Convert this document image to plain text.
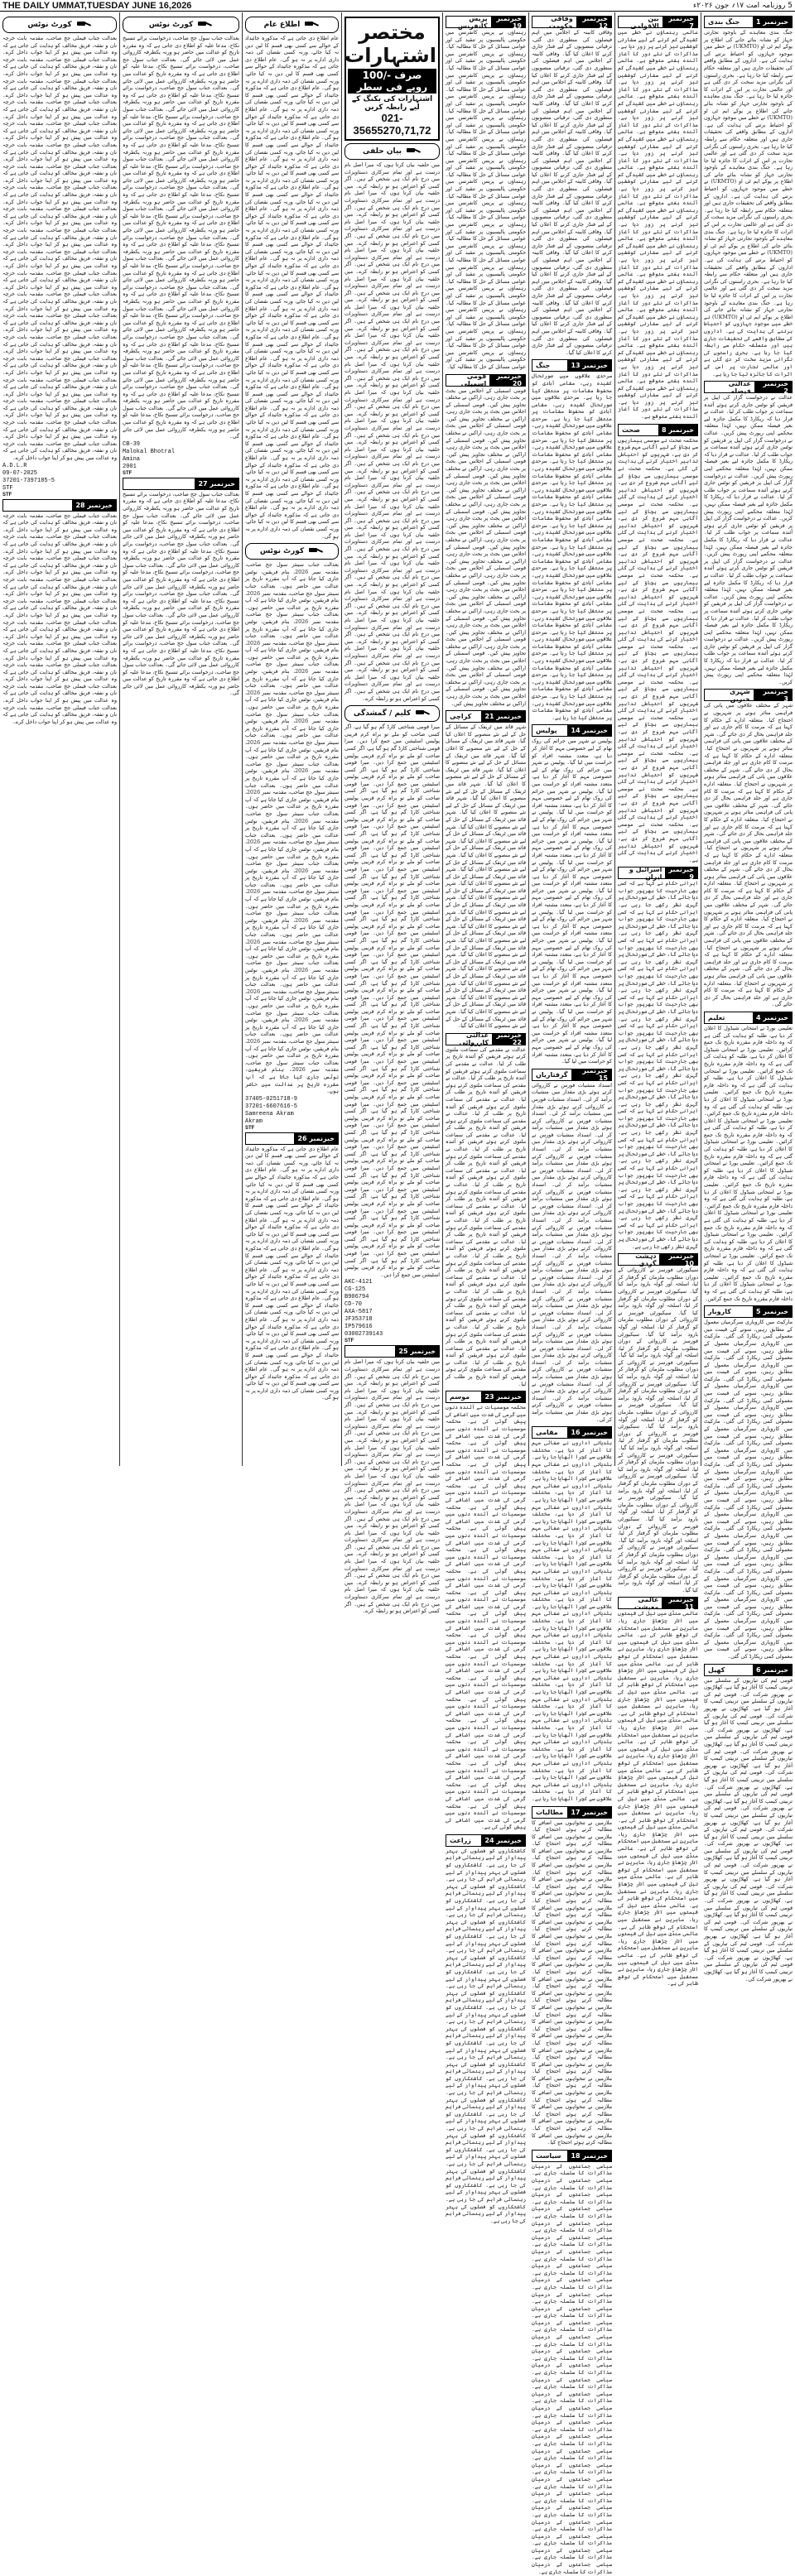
THE DAILY UMMAT,TUESDAY JUNE 16,2026	5 روزنامہ امت ۱۷؍ جون ۲۰۲۶ء
خبرنمبر 1
جنگ بندی
جنگ بندی معاہدے کے باوجود تجارتی جہاز کو نشانہ بنائے جانے کی اطلاع پر یوکے ایم ٹی او (UKMTO) نے خطے میں موجود جہازوں کو احتیاط برتنے کی ہدایت کی ہے۔ اداروں کے مطابق واقعے کی تحقیقات جاری ہیں اور متعلقہ حکام سے رابطہ کیا جا رہا ہے۔ بحری راستوں کی نگرانی مزید سخت کر دی گئی ہے اور عالمی تجارت پر اس کے اثرات کا جائزہ لیا جا رہا ہے۔ جنگ بندی معاہدے کے باوجود تجارتی جہاز کو نشانہ بنائے جانے کی اطلاع پر یوکے ایم ٹی او (UKMTO) نے خطے میں موجود جہازوں کو احتیاط برتنے کی ہدایت کی ہے۔ اداروں کے مطابق واقعے کی تحقیقات جاری ہیں اور متعلقہ حکام سے رابطہ کیا جا رہا ہے۔ بحری راستوں کی نگرانی مزید سخت کر دی گئی ہے اور عالمی تجارت پر اس کے اثرات کا جائزہ لیا جا رہا ہے۔ جنگ بندی معاہدے کے باوجود تجارتی جہاز کو نشانہ بنائے جانے کی اطلاع پر یوکے ایم ٹی او (UKMTO) نے خطے میں موجود جہازوں کو احتیاط برتنے کی ہدایت کی ہے۔ اداروں کے مطابق واقعے کی تحقیقات جاری ہیں اور متعلقہ حکام سے رابطہ کیا جا رہا ہے۔ بحری راستوں کی نگرانی مزید سخت کر دی گئی ہے اور عالمی تجارت پر اس کے اثرات کا جائزہ لیا جا رہا ہے۔ جنگ بندی معاہدے کے باوجود تجارتی جہاز کو نشانہ بنائے جانے کی اطلاع پر یوکے ایم ٹی او (UKMTO) نے خطے میں موجود جہازوں کو احتیاط برتنے کی ہدایت کی ہے۔ اداروں کے مطابق واقعے کی تحقیقات جاری ہیں اور متعلقہ حکام سے رابطہ کیا جا رہا ہے۔ بحری راستوں کی نگرانی مزید سخت کر دی گئی ہے اور عالمی تجارت پر اس کے اثرات کا جائزہ لیا جا رہا ہے۔ جنگ بندی معاہدے کے باوجود تجارتی جہاز کو نشانہ بنائے جانے کی اطلاع پر یوکے ایم ٹی او (UKMTO) نے خطے میں موجود جہازوں کو احتیاط برتنے کی ہدایت کی ہے۔ اداروں کے مطابق واقعے کی تحقیقات جاری ہیں اور متعلقہ حکام سے رابطہ کیا جا رہا ہے۔ بحری راستوں کی نگرانی مزید سخت کر دی گئی ہے اور عالمی تجارت پر اس کے اثرات کا جائزہ لیا جا رہا ہے۔
خبرنمبر 2
عدالتی فیصلہ
عدالت نے درخواست گزار کی اپیل پر فریقین کو نوٹس جاری کرتے ہوئے آئندہ سماعت پر جواب طلب کر لیا۔ عدالت نے قرار دیا کہ ریکارڈ کا مکمل جائزہ لیے بغیر فیصلہ ممکن نہیں، لہٰذا متعلقہ محکمے اپنی رپورٹ پیش کریں۔ عدالت نے درخواست گزار کی اپیل پر فریقین کو نوٹس جاری کرتے ہوئے آئندہ سماعت پر جواب طلب کر لیا۔ عدالت نے قرار دیا کہ ریکارڈ کا مکمل جائزہ لیے بغیر فیصلہ ممکن نہیں، لہٰذا متعلقہ محکمے اپنی رپورٹ پیش کریں۔ عدالت نے درخواست گزار کی اپیل پر فریقین کو نوٹس جاری کرتے ہوئے آئندہ سماعت پر جواب طلب کر لیا۔ عدالت نے قرار دیا کہ ریکارڈ کا مکمل جائزہ لیے بغیر فیصلہ ممکن نہیں، لہٰذا متعلقہ محکمے اپنی رپورٹ پیش کریں۔ عدالت نے درخواست گزار کی اپیل پر فریقین کو نوٹس جاری کرتے ہوئے آئندہ سماعت پر جواب طلب کر لیا۔ عدالت نے قرار دیا کہ ریکارڈ کا مکمل جائزہ لیے بغیر فیصلہ ممکن نہیں، لہٰذا متعلقہ محکمے اپنی رپورٹ پیش کریں۔ عدالت نے درخواست گزار کی اپیل پر فریقین کو نوٹس جاری کرتے ہوئے آئندہ سماعت پر جواب طلب کر لیا۔ عدالت نے قرار دیا کہ ریکارڈ کا مکمل جائزہ لیے بغیر فیصلہ ممکن نہیں، لہٰذا متعلقہ محکمے اپنی رپورٹ پیش کریں۔ عدالت نے درخواست گزار کی اپیل پر فریقین کو نوٹس جاری کرتے ہوئے آئندہ سماعت پر جواب طلب کر لیا۔ عدالت نے قرار دیا کہ ریکارڈ کا مکمل جائزہ لیے بغیر فیصلہ ممکن نہیں، لہٰذا متعلقہ محکمے اپنی رپورٹ پیش کریں۔ عدالت نے درخواست گزار کی اپیل پر فریقین کو نوٹس جاری کرتے ہوئے آئندہ سماعت پر جواب طلب کر لیا۔ عدالت نے قرار دیا کہ ریکارڈ کا مکمل جائزہ لیے بغیر فیصلہ ممکن نہیں، لہٰذا متعلقہ محکمے اپنی رپورٹ پیش کریں۔
خبرنمبر 3
شہری خبریں
شہر کے مختلف علاقوں میں پانی کی فراہمی متاثر ہونے پر شہریوں نے احتجاج کیا۔ متعلقہ ادارے کے حکام کا کہنا ہے کہ مرمت کا کام جاری ہے اور جلد فراہمی بحال کر دی جائے گی۔ شہر کے مختلف علاقوں میں پانی کی فراہمی متاثر ہونے پر شہریوں نے احتجاج کیا۔ متعلقہ ادارے کے حکام کا کہنا ہے کہ مرمت کا کام جاری ہے اور جلد فراہمی بحال کر دی جائے گی۔ شہر کے مختلف علاقوں میں پانی کی فراہمی متاثر ہونے پر شہریوں نے احتجاج کیا۔ متعلقہ ادارے کے حکام کا کہنا ہے کہ مرمت کا کام جاری ہے اور جلد فراہمی بحال کر دی جائے گی۔ شہر کے مختلف علاقوں میں پانی کی فراہمی متاثر ہونے پر شہریوں نے احتجاج کیا۔ متعلقہ ادارے کے حکام کا کہنا ہے کہ مرمت کا کام جاری ہے اور جلد فراہمی بحال کر دی جائے گی۔ شہر کے مختلف علاقوں میں پانی کی فراہمی متاثر ہونے پر شہریوں نے احتجاج کیا۔ متعلقہ ادارے کے حکام کا کہنا ہے کہ مرمت کا کام جاری ہے اور جلد فراہمی بحال کر دی جائے گی۔ شہر کے مختلف علاقوں میں پانی کی فراہمی متاثر ہونے پر شہریوں نے احتجاج کیا۔ متعلقہ ادارے کے حکام کا کہنا ہے کہ مرمت کا کام جاری ہے اور جلد فراہمی بحال کر دی جائے گی۔ شہر کے مختلف علاقوں میں پانی کی فراہمی متاثر ہونے پر شہریوں نے احتجاج کیا۔ متعلقہ ادارے کے حکام کا کہنا ہے کہ مرمت کا کام جاری ہے اور جلد فراہمی بحال کر دی جائے گی۔ شہر کے مختلف علاقوں میں پانی کی فراہمی متاثر ہونے پر شہریوں نے احتجاج کیا۔ متعلقہ ادارے کے حکام کا کہنا ہے کہ مرمت کا کام جاری ہے اور جلد فراہمی بحال کر دی جائے گی۔ شہر کے مختلف علاقوں میں پانی کی فراہمی متاثر ہونے پر شہریوں نے احتجاج کیا۔ متعلقہ ادارے کے حکام کا کہنا ہے کہ مرمت کا کام جاری ہے اور جلد فراہمی بحال کر دی جائے گی۔
خبرنمبر 4
تعلیم
تعلیمی بورڈ نے امتحانی شیڈول کا اعلان کر دیا ہے، طلبہ کو ہدایت کی گئی ہے کہ وہ داخلہ فارم مقررہ تاریخ تک جمع کرائیں۔ تعلیمی بورڈ نے امتحانی شیڈول کا اعلان کر دیا ہے، طلبہ کو ہدایت کی گئی ہے کہ وہ داخلہ فارم مقررہ تاریخ تک جمع کرائیں۔ تعلیمی بورڈ نے امتحانی شیڈول کا اعلان کر دیا ہے، طلبہ کو ہدایت کی گئی ہے کہ وہ داخلہ فارم مقررہ تاریخ تک جمع کرائیں۔ تعلیمی بورڈ نے امتحانی شیڈول کا اعلان کر دیا ہے، طلبہ کو ہدایت کی گئی ہے کہ وہ داخلہ فارم مقررہ تاریخ تک جمع کرائیں۔ تعلیمی بورڈ نے امتحانی شیڈول کا اعلان کر دیا ہے، طلبہ کو ہدایت کی گئی ہے کہ وہ داخلہ فارم مقررہ تاریخ تک جمع کرائیں۔ تعلیمی بورڈ نے امتحانی شیڈول کا اعلان کر دیا ہے، طلبہ کو ہدایت کی گئی ہے کہ وہ داخلہ فارم مقررہ تاریخ تک جمع کرائیں۔ تعلیمی بورڈ نے امتحانی شیڈول کا اعلان کر دیا ہے، طلبہ کو ہدایت کی گئی ہے کہ وہ داخلہ فارم مقررہ تاریخ تک جمع کرائیں۔ تعلیمی بورڈ نے امتحانی شیڈول کا اعلان کر دیا ہے، طلبہ کو ہدایت کی گئی ہے کہ وہ داخلہ فارم مقررہ تاریخ تک جمع کرائیں۔ تعلیمی بورڈ نے امتحانی شیڈول کا اعلان کر دیا ہے، طلبہ کو ہدایت کی گئی ہے کہ وہ داخلہ فارم مقررہ تاریخ تک جمع کرائیں۔ تعلیمی بورڈ نے امتحانی شیڈول کا اعلان کر دیا ہے، طلبہ کو ہدایت کی گئی ہے کہ وہ داخلہ فارم مقررہ تاریخ تک جمع کرائیں۔ تعلیمی بورڈ نے امتحانی شیڈول کا اعلان کر دیا ہے، طلبہ کو ہدایت کی گئی ہے کہ وہ داخلہ فارم مقررہ تاریخ تک جمع کرائیں۔ تعلیمی بورڈ نے امتحانی شیڈول کا اعلان کر دیا ہے، طلبہ کو ہدایت کی گئی ہے کہ وہ داخلہ فارم مقررہ تاریخ تک جمع کرائیں۔
خبرنمبر 5
کاروبار
مارکیٹ میں کاروباری سرگرمیاں معمول کے مطابق رہیں، سونے کی قیمت میں معمولی کمی ریکارڈ کی گئی۔ مارکیٹ میں کاروباری سرگرمیاں معمول کے مطابق رہیں، سونے کی قیمت میں معمولی کمی ریکارڈ کی گئی۔ مارکیٹ میں کاروباری سرگرمیاں معمول کے مطابق رہیں، سونے کی قیمت میں معمولی کمی ریکارڈ کی گئی۔ مارکیٹ میں کاروباری سرگرمیاں معمول کے مطابق رہیں، سونے کی قیمت میں معمولی کمی ریکارڈ کی گئی۔ مارکیٹ میں کاروباری سرگرمیاں معمول کے مطابق رہیں، سونے کی قیمت میں معمولی کمی ریکارڈ کی گئی۔ مارکیٹ میں کاروباری سرگرمیاں معمول کے مطابق رہیں، سونے کی قیمت میں معمولی کمی ریکارڈ کی گئی۔ مارکیٹ میں کاروباری سرگرمیاں معمول کے مطابق رہیں، سونے کی قیمت میں معمولی کمی ریکارڈ کی گئی۔ مارکیٹ میں کاروباری سرگرمیاں معمول کے مطابق رہیں، سونے کی قیمت میں معمولی کمی ریکارڈ کی گئی۔ مارکیٹ میں کاروباری سرگرمیاں معمول کے مطابق رہیں، سونے کی قیمت میں معمولی کمی ریکارڈ کی گئی۔ مارکیٹ میں کاروباری سرگرمیاں معمول کے مطابق رہیں، سونے کی قیمت میں معمولی کمی ریکارڈ کی گئی۔ مارکیٹ میں کاروباری سرگرمیاں معمول کے مطابق رہیں، سونے کی قیمت میں معمولی کمی ریکارڈ کی گئی۔ مارکیٹ میں کاروباری سرگرمیاں معمول کے مطابق رہیں، سونے کی قیمت میں معمولی کمی ریکارڈ کی گئی۔ مارکیٹ میں کاروباری سرگرمیاں معمول کے مطابق رہیں، سونے کی قیمت میں معمولی کمی ریکارڈ کی گئی۔ مارکیٹ میں کاروباری سرگرمیاں معمول کے مطابق رہیں، سونے کی قیمت میں معمولی کمی ریکارڈ کی گئی۔ مارکیٹ میں کاروباری سرگرمیاں معمول کے مطابق رہیں، سونے کی قیمت میں معمولی کمی ریکارڈ کی گئی۔ مارکیٹ میں کاروباری سرگرمیاں معمول کے مطابق رہیں، سونے کی قیمت میں معمولی کمی ریکارڈ کی گئی۔
خبرنمبر 6
کھیل
قومی ٹیم کی تیاریوں کے سلسلے میں تربیتی کیمپ کا آغاز ہو گیا ہے، کھلاڑیوں نے بھرپور شرکت کی۔ قومی ٹیم کی تیاریوں کے سلسلے میں تربیتی کیمپ کا آغاز ہو گیا ہے، کھلاڑیوں نے بھرپور شرکت کی۔ قومی ٹیم کی تیاریوں کے سلسلے میں تربیتی کیمپ کا آغاز ہو گیا ہے، کھلاڑیوں نے بھرپور شرکت کی۔ قومی ٹیم کی تیاریوں کے سلسلے میں تربیتی کیمپ کا آغاز ہو گیا ہے، کھلاڑیوں نے بھرپور شرکت کی۔ قومی ٹیم کی تیاریوں کے سلسلے میں تربیتی کیمپ کا آغاز ہو گیا ہے، کھلاڑیوں نے بھرپور شرکت کی۔ قومی ٹیم کی تیاریوں کے سلسلے میں تربیتی کیمپ کا آغاز ہو گیا ہے، کھلاڑیوں نے بھرپور شرکت کی۔ قومی ٹیم کی تیاریوں کے سلسلے میں تربیتی کیمپ کا آغاز ہو گیا ہے، کھلاڑیوں نے بھرپور شرکت کی۔ قومی ٹیم کی تیاریوں کے سلسلے میں تربیتی کیمپ کا آغاز ہو گیا ہے، کھلاڑیوں نے بھرپور شرکت کی۔ قومی ٹیم کی تیاریوں کے سلسلے میں تربیتی کیمپ کا آغاز ہو گیا ہے، کھلاڑیوں نے بھرپور شرکت کی۔ قومی ٹیم کی تیاریوں کے سلسلے میں تربیتی کیمپ کا آغاز ہو گیا ہے، کھلاڑیوں نے بھرپور شرکت کی۔ قومی ٹیم کی تیاریوں کے سلسلے میں تربیتی کیمپ کا آغاز ہو گیا ہے، کھلاڑیوں نے بھرپور شرکت کی۔ قومی ٹیم کی تیاریوں کے سلسلے میں تربیتی کیمپ کا آغاز ہو گیا ہے، کھلاڑیوں نے بھرپور شرکت کی۔ قومی ٹیم کی تیاریوں کے سلسلے میں تربیتی کیمپ کا آغاز ہو گیا ہے، کھلاڑیوں نے بھرپور شرکت کی۔ قومی ٹیم کی تیاریوں کے سلسلے میں تربیتی کیمپ کا آغاز ہو گیا ہے، کھلاڑیوں نے بھرپور شرکت کی۔ قومی ٹیم کی تیاریوں کے سلسلے میں تربیتی کیمپ کا آغاز ہو گیا ہے، کھلاڑیوں نے بھرپور شرکت کی۔ قومی ٹیم کی تیاریوں کے سلسلے میں تربیتی کیمپ کا آغاز ہو گیا ہے، کھلاڑیوں نے بھرپور شرکت کی۔
خبرنمبر 7
بین الاقوامی
عالمی رہنماؤں نے خطے میں کشیدگی کم کرنے کے لیے سفارتی کوششیں تیز کرنے پر زور دیا ہے۔ مذاکرات کے نئے دور کا آغاز آئندہ ہفتے متوقع ہے۔ عالمی رہنماؤں نے خطے میں کشیدگی کم کرنے کے لیے سفارتی کوششیں تیز کرنے پر زور دیا ہے۔ مذاکرات کے نئے دور کا آغاز آئندہ ہفتے متوقع ہے۔ عالمی رہنماؤں نے خطے میں کشیدگی کم کرنے کے لیے سفارتی کوششیں تیز کرنے پر زور دیا ہے۔ مذاکرات کے نئے دور کا آغاز آئندہ ہفتے متوقع ہے۔ عالمی رہنماؤں نے خطے میں کشیدگی کم کرنے کے لیے سفارتی کوششیں تیز کرنے پر زور دیا ہے۔ مذاکرات کے نئے دور کا آغاز آئندہ ہفتے متوقع ہے۔ عالمی رہنماؤں نے خطے میں کشیدگی کم کرنے کے لیے سفارتی کوششیں تیز کرنے پر زور دیا ہے۔ مذاکرات کے نئے دور کا آغاز آئندہ ہفتے متوقع ہے۔ عالمی رہنماؤں نے خطے میں کشیدگی کم کرنے کے لیے سفارتی کوششیں تیز کرنے پر زور دیا ہے۔ مذاکرات کے نئے دور کا آغاز آئندہ ہفتے متوقع ہے۔ عالمی رہنماؤں نے خطے میں کشیدگی کم کرنے کے لیے سفارتی کوششیں تیز کرنے پر زور دیا ہے۔ مذاکرات کے نئے دور کا آغاز آئندہ ہفتے متوقع ہے۔ عالمی رہنماؤں نے خطے میں کشیدگی کم کرنے کے لیے سفارتی کوششیں تیز کرنے پر زور دیا ہے۔ مذاکرات کے نئے دور کا آغاز آئندہ ہفتے متوقع ہے۔ عالمی رہنماؤں نے خطے میں کشیدگی کم کرنے کے لیے سفارتی کوششیں تیز کرنے پر زور دیا ہے۔ مذاکرات کے نئے دور کا آغاز آئندہ ہفتے متوقع ہے۔ عالمی رہنماؤں نے خطے میں کشیدگی کم کرنے کے لیے سفارتی کوششیں تیز کرنے پر زور دیا ہے۔ مذاکرات کے نئے دور کا آغاز آئندہ ہفتے متوقع ہے۔ عالمی رہنماؤں نے خطے میں کشیدگی کم کرنے کے لیے سفارتی کوششیں تیز کرنے پر زور دیا ہے۔ مذاکرات کے نئے دور کا آغاز آئندہ ہفتے متوقع ہے۔
خبرنمبر 8
صحت
محکمہ صحت نے موسمی بیماریوں سے بچاؤ کے لیے آگاہی مہم شروع کر دی ہے، شہریوں کو احتیاطی تدابیر اختیار کرنے کی ہدایت کی گئی ہے۔ محکمہ صحت نے موسمی بیماریوں سے بچاؤ کے لیے آگاہی مہم شروع کر دی ہے، شہریوں کو احتیاطی تدابیر اختیار کرنے کی ہدایت کی گئی ہے۔ محکمہ صحت نے موسمی بیماریوں سے بچاؤ کے لیے آگاہی مہم شروع کر دی ہے، شہریوں کو احتیاطی تدابیر اختیار کرنے کی ہدایت کی گئی ہے۔ محکمہ صحت نے موسمی بیماریوں سے بچاؤ کے لیے آگاہی مہم شروع کر دی ہے، شہریوں کو احتیاطی تدابیر اختیار کرنے کی ہدایت کی گئی ہے۔ محکمہ صحت نے موسمی بیماریوں سے بچاؤ کے لیے آگاہی مہم شروع کر دی ہے، شہریوں کو احتیاطی تدابیر اختیار کرنے کی ہدایت کی گئی ہے۔ محکمہ صحت نے موسمی بیماریوں سے بچاؤ کے لیے آگاہی مہم شروع کر دی ہے، شہریوں کو احتیاطی تدابیر اختیار کرنے کی ہدایت کی گئی ہے۔ محکمہ صحت نے موسمی بیماریوں سے بچاؤ کے لیے آگاہی مہم شروع کر دی ہے، شہریوں کو احتیاطی تدابیر اختیار کرنے کی ہدایت کی گئی ہے۔ محکمہ صحت نے موسمی بیماریوں سے بچاؤ کے لیے آگاہی مہم شروع کر دی ہے، شہریوں کو احتیاطی تدابیر اختیار کرنے کی ہدایت کی گئی ہے۔ محکمہ صحت نے موسمی بیماریوں سے بچاؤ کے لیے آگاہی مہم شروع کر دی ہے، شہریوں کو احتیاطی تدابیر اختیار کرنے کی ہدایت کی گئی ہے۔ محکمہ صحت نے موسمی بیماریوں سے بچاؤ کے لیے آگاہی مہم شروع کر دی ہے، شہریوں کو احتیاطی تدابیر اختیار کرنے کی ہدایت کی گئی ہے۔ محکمہ صحت نے موسمی بیماریوں سے بچاؤ کے لیے آگاہی مہم شروع کر دی ہے، شہریوں کو احتیاطی تدابیر اختیار کرنے کی ہدایت کی گئی ہے۔ محکمہ صحت نے موسمی بیماریوں سے بچاؤ کے لیے آگاہی مہم شروع کر دی ہے، شہریوں کو احتیاطی تدابیر اختیار کرنے کی ہدایت کی گئی ہے۔
خبرنمبر 9
اسرائیل و ایران
ایرانی حکام نے کہا ہے کہ کسی بھی جارحیت کا بھرپور جواب دیا جائے گا، خطے کی صورتحال پر گہری نظر رکھی جا رہی ہے۔ ایرانی حکام نے کہا ہے کہ کسی بھی جارحیت کا بھرپور جواب دیا جائے گا، خطے کی صورتحال پر گہری نظر رکھی جا رہی ہے۔ ایرانی حکام نے کہا ہے کہ کسی بھی جارحیت کا بھرپور جواب دیا جائے گا، خطے کی صورتحال پر گہری نظر رکھی جا رہی ہے۔ ایرانی حکام نے کہا ہے کہ کسی بھی جارحیت کا بھرپور جواب دیا جائے گا، خطے کی صورتحال پر گہری نظر رکھی جا رہی ہے۔ ایرانی حکام نے کہا ہے کہ کسی بھی جارحیت کا بھرپور جواب دیا جائے گا، خطے کی صورتحال پر گہری نظر رکھی جا رہی ہے۔ ایرانی حکام نے کہا ہے کہ کسی بھی جارحیت کا بھرپور جواب دیا جائے گا، خطے کی صورتحال پر گہری نظر رکھی جا رہی ہے۔ ایرانی حکام نے کہا ہے کہ کسی بھی جارحیت کا بھرپور جواب دیا جائے گا، خطے کی صورتحال پر گہری نظر رکھی جا رہی ہے۔ ایرانی حکام نے کہا ہے کہ کسی بھی جارحیت کا بھرپور جواب دیا جائے گا، خطے کی صورتحال پر گہری نظر رکھی جا رہی ہے۔ ایرانی حکام نے کہا ہے کہ کسی بھی جارحیت کا بھرپور جواب دیا جائے گا، خطے کی صورتحال پر گہری نظر رکھی جا رہی ہے۔ ایرانی حکام نے کہا ہے کہ کسی بھی جارحیت کا بھرپور جواب دیا جائے گا، خطے کی صورتحال پر گہری نظر رکھی جا رہی ہے۔ ایرانی حکام نے کہا ہے کہ کسی بھی جارحیت کا بھرپور جواب دیا جائے گا، خطے کی صورتحال پر گہری نظر رکھی جا رہی ہے۔ ایرانی حکام نے کہا ہے کہ کسی بھی جارحیت کا بھرپور جواب دیا جائے گا، خطے کی صورتحال پر گہری نظر رکھی جا رہی ہے۔ ایرانی حکام نے کہا ہے کہ کسی بھی جارحیت کا بھرپور جواب دیا جائے گا، خطے کی صورتحال پر گہری نظر رکھی جا رہی ہے۔
خبرنمبر 10
دہشت گردی
سیکیورٹی فورسز نے کارروائی کے دوران مطلوب ملزمان کو گرفتار کر لیا، اسلحہ اور گولہ بارود برآمد کیا گیا۔ سیکیورٹی فورسز نے کارروائی کے دوران مطلوب ملزمان کو گرفتار کر لیا، اسلحہ اور گولہ بارود برآمد کیا گیا۔ سیکیورٹی فورسز نے کارروائی کے دوران مطلوب ملزمان کو گرفتار کر لیا، اسلحہ اور گولہ بارود برآمد کیا گیا۔ سیکیورٹی فورسز نے کارروائی کے دوران مطلوب ملزمان کو گرفتار کر لیا، اسلحہ اور گولہ بارود برآمد کیا گیا۔ سیکیورٹی فورسز نے کارروائی کے دوران مطلوب ملزمان کو گرفتار کر لیا، اسلحہ اور گولہ بارود برآمد کیا گیا۔ سیکیورٹی فورسز نے کارروائی کے دوران مطلوب ملزمان کو گرفتار کر لیا، اسلحہ اور گولہ بارود برآمد کیا گیا۔ سیکیورٹی فورسز نے کارروائی کے دوران مطلوب ملزمان کو گرفتار کر لیا، اسلحہ اور گولہ بارود برآمد کیا گیا۔ سیکیورٹی فورسز نے کارروائی کے دوران مطلوب ملزمان کو گرفتار کر لیا، اسلحہ اور گولہ بارود برآمد کیا گیا۔ سیکیورٹی فورسز نے کارروائی کے دوران مطلوب ملزمان کو گرفتار کر لیا، اسلحہ اور گولہ بارود برآمد کیا گیا۔ سیکیورٹی فورسز نے کارروائی کے دوران مطلوب ملزمان کو گرفتار کر لیا، اسلحہ اور گولہ بارود برآمد کیا گیا۔ سیکیورٹی فورسز نے کارروائی کے دوران مطلوب ملزمان کو گرفتار کر لیا، اسلحہ اور گولہ بارود برآمد کیا گیا۔ سیکیورٹی فورسز نے کارروائی کے دوران مطلوب ملزمان کو گرفتار کر لیا، اسلحہ اور گولہ بارود برآمد کیا گیا۔ سیکیورٹی فورسز نے کارروائی کے دوران مطلوب ملزمان کو گرفتار کر لیا، اسلحہ اور گولہ بارود برآمد کیا گیا۔ سیکیورٹی فورسز نے کارروائی کے دوران مطلوب ملزمان کو گرفتار کر لیا، اسلحہ اور گولہ بارود برآمد کیا گیا۔
خبرنمبر 11
عالمی معیشت
عالمی منڈی میں تیل کی قیمتوں میں اتار چڑھاؤ جاری رہا، ماہرین نے مستقبل میں استحکام کی توقع ظاہر کی ہے۔ عالمی منڈی میں تیل کی قیمتوں میں اتار چڑھاؤ جاری رہا، ماہرین نے مستقبل میں استحکام کی توقع ظاہر کی ہے۔ عالمی منڈی میں تیل کی قیمتوں میں اتار چڑھاؤ جاری رہا، ماہرین نے مستقبل میں استحکام کی توقع ظاہر کی ہے۔ عالمی منڈی میں تیل کی قیمتوں میں اتار چڑھاؤ جاری رہا، ماہرین نے مستقبل میں استحکام کی توقع ظاہر کی ہے۔ عالمی منڈی میں تیل کی قیمتوں میں اتار چڑھاؤ جاری رہا، ماہرین نے مستقبل میں استحکام کی توقع ظاہر کی ہے۔ عالمی منڈی میں تیل کی قیمتوں میں اتار چڑھاؤ جاری رہا، ماہرین نے مستقبل میں استحکام کی توقع ظاہر کی ہے۔ عالمی منڈی میں تیل کی قیمتوں میں اتار چڑھاؤ جاری رہا، ماہرین نے مستقبل میں استحکام کی توقع ظاہر کی ہے۔ عالمی منڈی میں تیل کی قیمتوں میں اتار چڑھاؤ جاری رہا، ماہرین نے مستقبل میں استحکام کی توقع ظاہر کی ہے۔ عالمی منڈی میں تیل کی قیمتوں میں اتار چڑھاؤ جاری رہا، ماہرین نے مستقبل میں استحکام کی توقع ظاہر کی ہے۔ عالمی منڈی میں تیل کی قیمتوں میں اتار چڑھاؤ جاری رہا، ماہرین نے مستقبل میں استحکام کی توقع ظاہر کی ہے۔ عالمی منڈی میں تیل کی قیمتوں میں اتار چڑھاؤ جاری رہا، ماہرین نے مستقبل میں استحکام کی توقع ظاہر کی ہے۔ عالمی منڈی میں تیل کی قیمتوں میں اتار چڑھاؤ جاری رہا، ماہرین نے مستقبل میں استحکام کی توقع ظاہر کی ہے۔ عالمی منڈی میں تیل کی قیمتوں میں اتار چڑھاؤ جاری رہا، ماہرین نے مستقبل میں استحکام کی توقع ظاہر کی ہے۔ عالمی منڈی میں تیل کی قیمتوں میں اتار چڑھاؤ جاری رہا، ماہرین نے مستقبل میں استحکام کی توقع ظاہر کی ہے۔
خبرنمبر 12
وفاقی حکومت
وفاقی کابینہ کے اجلاس میں اہم فیصلوں کی منظوری دی گئی، ترقیاتی منصوبوں کے لیے فنڈز جاری کرنے کا اعلان کیا گیا۔ وفاقی کابینہ کے اجلاس میں اہم فیصلوں کی منظوری دی گئی، ترقیاتی منصوبوں کے لیے فنڈز جاری کرنے کا اعلان کیا گیا۔ وفاقی کابینہ کے اجلاس میں اہم فیصلوں کی منظوری دی گئی، ترقیاتی منصوبوں کے لیے فنڈز جاری کرنے کا اعلان کیا گیا۔ وفاقی کابینہ کے اجلاس میں اہم فیصلوں کی منظوری دی گئی، ترقیاتی منصوبوں کے لیے فنڈز جاری کرنے کا اعلان کیا گیا۔ وفاقی کابینہ کے اجلاس میں اہم فیصلوں کی منظوری دی گئی، ترقیاتی منصوبوں کے لیے فنڈز جاری کرنے کا اعلان کیا گیا۔ وفاقی کابینہ کے اجلاس میں اہم فیصلوں کی منظوری دی گئی، ترقیاتی منصوبوں کے لیے فنڈز جاری کرنے کا اعلان کیا گیا۔ وفاقی کابینہ کے اجلاس میں اہم فیصلوں کی منظوری دی گئی، ترقیاتی منصوبوں کے لیے فنڈز جاری کرنے کا اعلان کیا گیا۔ وفاقی کابینہ کے اجلاس میں اہم فیصلوں کی منظوری دی گئی، ترقیاتی منصوبوں کے لیے فنڈز جاری کرنے کا اعلان کیا گیا۔ وفاقی کابینہ کے اجلاس میں اہم فیصلوں کی منظوری دی گئی، ترقیاتی منصوبوں کے لیے فنڈز جاری کرنے کا اعلان کیا گیا۔ وفاقی کابینہ کے اجلاس میں اہم فیصلوں کی منظوری دی گئی، ترقیاتی منصوبوں کے لیے فنڈز جاری کرنے کا اعلان کیا گیا۔ وفاقی کابینہ کے اجلاس میں اہم فیصلوں کی منظوری دی گئی، ترقیاتی منصوبوں کے لیے فنڈز جاری کرنے کا اعلان کیا گیا۔ وفاقی کابینہ کے اجلاس میں اہم فیصلوں کی منظوری دی گئی، ترقیاتی منصوبوں کے لیے فنڈز جاری کرنے کا اعلان کیا گیا۔ وفاقی کابینہ کے اجلاس میں اہم فیصلوں کی منظوری دی گئی، ترقیاتی منصوبوں کے لیے فنڈز جاری کرنے کا اعلان کیا گیا۔
خبرنمبر 13
جنگ
سرحدی علاقوں میں صورتحال کشیدہ رہی، مقامی آبادی کو محفوظ مقامات پر منتقل کیا جا رہا ہے۔ سرحدی علاقوں میں صورتحال کشیدہ رہی، مقامی آبادی کو محفوظ مقامات پر منتقل کیا جا رہا ہے۔ سرحدی علاقوں میں صورتحال کشیدہ رہی، مقامی آبادی کو محفوظ مقامات پر منتقل کیا جا رہا ہے۔ سرحدی علاقوں میں صورتحال کشیدہ رہی، مقامی آبادی کو محفوظ مقامات پر منتقل کیا جا رہا ہے۔ سرحدی علاقوں میں صورتحال کشیدہ رہی، مقامی آبادی کو محفوظ مقامات پر منتقل کیا جا رہا ہے۔ سرحدی علاقوں میں صورتحال کشیدہ رہی، مقامی آبادی کو محفوظ مقامات پر منتقل کیا جا رہا ہے۔ سرحدی علاقوں میں صورتحال کشیدہ رہی، مقامی آبادی کو محفوظ مقامات پر منتقل کیا جا رہا ہے۔ سرحدی علاقوں میں صورتحال کشیدہ رہی، مقامی آبادی کو محفوظ مقامات پر منتقل کیا جا رہا ہے۔ سرحدی علاقوں میں صورتحال کشیدہ رہی، مقامی آبادی کو محفوظ مقامات پر منتقل کیا جا رہا ہے۔ سرحدی علاقوں میں صورتحال کشیدہ رہی، مقامی آبادی کو محفوظ مقامات پر منتقل کیا جا رہا ہے۔ سرحدی علاقوں میں صورتحال کشیدہ رہی، مقامی آبادی کو محفوظ مقامات پر منتقل کیا جا رہا ہے۔ سرحدی علاقوں میں صورتحال کشیدہ رہی، مقامی آبادی کو محفوظ مقامات پر منتقل کیا جا رہا ہے۔ سرحدی علاقوں میں صورتحال کشیدہ رہی، مقامی آبادی کو محفوظ مقامات پر منتقل کیا جا رہا ہے۔ سرحدی علاقوں میں صورتحال کشیدہ رہی، مقامی آبادی کو محفوظ مقامات پر منتقل کیا جا رہا ہے۔ سرحدی علاقوں میں صورتحال کشیدہ رہی، مقامی آبادی کو محفوظ مقامات پر منتقل کیا جا رہا ہے۔ سرحدی علاقوں میں صورتحال کشیدہ رہی، مقامی آبادی کو محفوظ مقامات پر منتقل کیا جا رہا ہے۔
خبرنمبر 14
پولیس
پولیس نے شہر میں جرائم کی روک تھام کے لیے خصوصی مہم کا آغاز کر دیا ہے، متعدد مشتبہ افراد کو حراست میں لیا گیا۔ پولیس نے شہر میں جرائم کی روک تھام کے لیے خصوصی مہم کا آغاز کر دیا ہے، متعدد مشتبہ افراد کو حراست میں لیا گیا۔ پولیس نے شہر میں جرائم کی روک تھام کے لیے خصوصی مہم کا آغاز کر دیا ہے، متعدد مشتبہ افراد کو حراست میں لیا گیا۔ پولیس نے شہر میں جرائم کی روک تھام کے لیے خصوصی مہم کا آغاز کر دیا ہے، متعدد مشتبہ افراد کو حراست میں لیا گیا۔ پولیس نے شہر میں جرائم کی روک تھام کے لیے خصوصی مہم کا آغاز کر دیا ہے، متعدد مشتبہ افراد کو حراست میں لیا گیا۔ پولیس نے شہر میں جرائم کی روک تھام کے لیے خصوصی مہم کا آغاز کر دیا ہے، متعدد مشتبہ افراد کو حراست میں لیا گیا۔ پولیس نے شہر میں جرائم کی روک تھام کے لیے خصوصی مہم کا آغاز کر دیا ہے، متعدد مشتبہ افراد کو حراست میں لیا گیا۔ پولیس نے شہر میں جرائم کی روک تھام کے لیے خصوصی مہم کا آغاز کر دیا ہے، متعدد مشتبہ افراد کو حراست میں لیا گیا۔ پولیس نے شہر میں جرائم کی روک تھام کے لیے خصوصی مہم کا آغاز کر دیا ہے، متعدد مشتبہ افراد کو حراست میں لیا گیا۔ پولیس نے شہر میں جرائم کی روک تھام کے لیے خصوصی مہم کا آغاز کر دیا ہے، متعدد مشتبہ افراد کو حراست میں لیا گیا۔ پولیس نے شہر میں جرائم کی روک تھام کے لیے خصوصی مہم کا آغاز کر دیا ہے، متعدد مشتبہ افراد کو حراست میں لیا گیا۔ پولیس نے شہر میں جرائم کی روک تھام کے لیے خصوصی مہم کا آغاز کر دیا ہے، متعدد مشتبہ افراد کو حراست میں لیا گیا۔ پولیس نے شہر میں جرائم کی روک تھام کے لیے خصوصی مہم کا آغاز کر دیا ہے، متعدد مشتبہ افراد کو حراست میں لیا گیا۔
خبرنمبر 15
گرفتاریاں
انسداد منشیات فورس نے کارروائی کرتے ہوئے بڑی مقدار میں منشیات برآمد کر لی۔ انسداد منشیات فورس نے کارروائی کرتے ہوئے بڑی مقدار میں منشیات برآمد کر لی۔ انسداد منشیات فورس نے کارروائی کرتے ہوئے بڑی مقدار میں منشیات برآمد کر لی۔ انسداد منشیات فورس نے کارروائی کرتے ہوئے بڑی مقدار میں منشیات برآمد کر لی۔ انسداد منشیات فورس نے کارروائی کرتے ہوئے بڑی مقدار میں منشیات برآمد کر لی۔ انسداد منشیات فورس نے کارروائی کرتے ہوئے بڑی مقدار میں منشیات برآمد کر لی۔ انسداد منشیات فورس نے کارروائی کرتے ہوئے بڑی مقدار میں منشیات برآمد کر لی۔ انسداد منشیات فورس نے کارروائی کرتے ہوئے بڑی مقدار میں منشیات برآمد کر لی۔ انسداد منشیات فورس نے کارروائی کرتے ہوئے بڑی مقدار میں منشیات برآمد کر لی۔ انسداد منشیات فورس نے کارروائی کرتے ہوئے بڑی مقدار میں منشیات برآمد کر لی۔ انسداد منشیات فورس نے کارروائی کرتے ہوئے بڑی مقدار میں منشیات برآمد کر لی۔ انسداد منشیات فورس نے کارروائی کرتے ہوئے بڑی مقدار میں منشیات برآمد کر لی۔ انسداد منشیات فورس نے کارروائی کرتے ہوئے بڑی مقدار میں منشیات برآمد کر لی۔ انسداد منشیات فورس نے کارروائی کرتے ہوئے بڑی مقدار میں منشیات برآمد کر لی۔ انسداد منشیات فورس نے کارروائی کرتے ہوئے بڑی مقدار میں منشیات برآمد کر لی۔ انسداد منشیات فورس نے کارروائی کرتے ہوئے بڑی مقدار میں منشیات برآمد کر لی۔ انسداد منشیات فورس نے کارروائی کرتے ہوئے بڑی مقدار میں منشیات برآمد کر لی۔ انسداد منشیات فورس نے کارروائی کرتے ہوئے بڑی مقدار میں منشیات برآمد کر لی۔ انسداد منشیات فورس نے کارروائی کرتے ہوئے بڑی مقدار میں منشیات برآمد کر لی۔
خبرنمبر 16
مقامی
بلدیاتی اداروں نے صفائی مہم کا آغاز کر دیا ہے، مختلف علاقوں سے کچرا اٹھایا جا رہا ہے۔ بلدیاتی اداروں نے صفائی مہم کا آغاز کر دیا ہے، مختلف علاقوں سے کچرا اٹھایا جا رہا ہے۔ بلدیاتی اداروں نے صفائی مہم کا آغاز کر دیا ہے، مختلف علاقوں سے کچرا اٹھایا جا رہا ہے۔ بلدیاتی اداروں نے صفائی مہم کا آغاز کر دیا ہے، مختلف علاقوں سے کچرا اٹھایا جا رہا ہے۔ بلدیاتی اداروں نے صفائی مہم کا آغاز کر دیا ہے، مختلف علاقوں سے کچرا اٹھایا جا رہا ہے۔ بلدیاتی اداروں نے صفائی مہم کا آغاز کر دیا ہے، مختلف علاقوں سے کچرا اٹھایا جا رہا ہے۔ بلدیاتی اداروں نے صفائی مہم کا آغاز کر دیا ہے، مختلف علاقوں سے کچرا اٹھایا جا رہا ہے۔ بلدیاتی اداروں نے صفائی مہم کا آغاز کر دیا ہے، مختلف علاقوں سے کچرا اٹھایا جا رہا ہے۔ بلدیاتی اداروں نے صفائی مہم کا آغاز کر دیا ہے، مختلف علاقوں سے کچرا اٹھایا جا رہا ہے۔ بلدیاتی اداروں نے صفائی مہم کا آغاز کر دیا ہے، مختلف علاقوں سے کچرا اٹھایا جا رہا ہے۔ بلدیاتی اداروں نے صفائی مہم کا آغاز کر دیا ہے، مختلف علاقوں سے کچرا اٹھایا جا رہا ہے۔ بلدیاتی اداروں نے صفائی مہم کا آغاز کر دیا ہے، مختلف علاقوں سے کچرا اٹھایا جا رہا ہے۔ بلدیاتی اداروں نے صفائی مہم کا آغاز کر دیا ہے، مختلف علاقوں سے کچرا اٹھایا جا رہا ہے۔ بلدیاتی اداروں نے صفائی مہم کا آغاز کر دیا ہے، مختلف علاقوں سے کچرا اٹھایا جا رہا ہے۔ بلدیاتی اداروں نے صفائی مہم کا آغاز کر دیا ہے، مختلف علاقوں سے کچرا اٹھایا جا رہا ہے۔ بلدیاتی اداروں نے صفائی مہم کا آغاز کر دیا ہے، مختلف علاقوں سے کچرا اٹھایا جا رہا ہے۔ بلدیاتی اداروں نے صفائی مہم کا آغاز کر دیا ہے، مختلف علاقوں سے کچرا اٹھایا جا رہا ہے۔
خبرنمبر 17
مطالبات
ملازمین نے تنخواہوں میں اضافے کا مطالبہ کرتے ہوئے احتجاج کیا۔ ملازمین نے تنخواہوں میں اضافے کا مطالبہ کرتے ہوئے احتجاج کیا۔ ملازمین نے تنخواہوں میں اضافے کا مطالبہ کرتے ہوئے احتجاج کیا۔ ملازمین نے تنخواہوں میں اضافے کا مطالبہ کرتے ہوئے احتجاج کیا۔ ملازمین نے تنخواہوں میں اضافے کا مطالبہ کرتے ہوئے احتجاج کیا۔ ملازمین نے تنخواہوں میں اضافے کا مطالبہ کرتے ہوئے احتجاج کیا۔ ملازمین نے تنخواہوں میں اضافے کا مطالبہ کرتے ہوئے احتجاج کیا۔ ملازمین نے تنخواہوں میں اضافے کا مطالبہ کرتے ہوئے احتجاج کیا۔ ملازمین نے تنخواہوں میں اضافے کا مطالبہ کرتے ہوئے احتجاج کیا۔ ملازمین نے تنخواہوں میں اضافے کا مطالبہ کرتے ہوئے احتجاج کیا۔ ملازمین نے تنخواہوں میں اضافے کا مطالبہ کرتے ہوئے احتجاج کیا۔ ملازمین نے تنخواہوں میں اضافے کا مطالبہ کرتے ہوئے احتجاج کیا۔ ملازمین نے تنخواہوں میں اضافے کا مطالبہ کرتے ہوئے احتجاج کیا۔ ملازمین نے تنخواہوں میں اضافے کا مطالبہ کرتے ہوئے احتجاج کیا۔ ملازمین نے تنخواہوں میں اضافے کا مطالبہ کرتے ہوئے احتجاج کیا۔ ملازمین نے تنخواہوں میں اضافے کا مطالبہ کرتے ہوئے احتجاج کیا۔ ملازمین نے تنخواہوں میں اضافے کا مطالبہ کرتے ہوئے احتجاج کیا۔ ملازمین نے تنخواہوں میں اضافے کا مطالبہ کرتے ہوئے احتجاج کیا۔ ملازمین نے تنخواہوں میں اضافے کا مطالبہ کرتے ہوئے احتجاج کیا۔ ملازمین نے تنخواہوں میں اضافے کا مطالبہ کرتے ہوئے احتجاج کیا۔ ملازمین نے تنخواہوں میں اضافے کا مطالبہ کرتے ہوئے احتجاج کیا۔ ملازمین نے تنخواہوں میں اضافے کا مطالبہ کرتے ہوئے احتجاج کیا۔ ملازمین نے تنخواہوں میں اضافے کا مطالبہ کرتے ہوئے احتجاج کیا۔
خبرنمبر 18
سیاست
سیاسی جماعتوں کے درمیان مذاکرات کا سلسلہ جاری ہے۔ سیاسی جماعتوں کے درمیان مذاکرات کا سلسلہ جاری ہے۔ سیاسی جماعتوں کے درمیان مذاکرات کا سلسلہ جاری ہے۔ سیاسی جماعتوں کے درمیان مذاکرات کا سلسلہ جاری ہے۔ سیاسی جماعتوں کے درمیان مذاکرات کا سلسلہ جاری ہے۔ سیاسی جماعتوں کے درمیان مذاکرات کا سلسلہ جاری ہے۔ سیاسی جماعتوں کے درمیان مذاکرات کا سلسلہ جاری ہے۔ سیاسی جماعتوں کے درمیان مذاکرات کا سلسلہ جاری ہے۔ سیاسی جماعتوں کے درمیان مذاکرات کا سلسلہ جاری ہے۔ سیاسی جماعتوں کے درمیان مذاکرات کا سلسلہ جاری ہے۔ سیاسی جماعتوں کے درمیان مذاکرات کا سلسلہ جاری ہے۔ سیاسی جماعتوں کے درمیان مذاکرات کا سلسلہ جاری ہے۔ سیاسی جماعتوں کے درمیان مذاکرات کا سلسلہ جاری ہے۔ سیاسی جماعتوں کے درمیان مذاکرات کا سلسلہ جاری ہے۔ سیاسی جماعتوں کے درمیان مذاکرات کا سلسلہ جاری ہے۔ سیاسی جماعتوں کے درمیان مذاکرات کا سلسلہ جاری ہے۔ سیاسی جماعتوں کے درمیان مذاکرات کا سلسلہ جاری ہے۔ سیاسی جماعتوں کے درمیان مذاکرات کا سلسلہ جاری ہے۔ سیاسی جماعتوں کے درمیان مذاکرات کا سلسلہ جاری ہے۔ سیاسی جماعتوں کے درمیان مذاکرات کا سلسلہ جاری ہے۔ سیاسی جماعتوں کے درمیان مذاکرات کا سلسلہ جاری ہے۔ سیاسی جماعتوں کے درمیان مذاکرات کا سلسلہ جاری ہے۔ سیاسی جماعتوں کے درمیان مذاکرات کا سلسلہ جاری ہے۔ سیاسی جماعتوں کے درمیان مذاکرات کا سلسلہ جاری ہے۔ سیاسی جماعتوں کے درمیان مذاکرات کا سلسلہ جاری ہے۔ سیاسی جماعتوں کے درمیان مذاکرات کا سلسلہ جاری ہے۔ سیاسی جماعتوں کے درمیان مذاکرات کا سلسلہ جاری ہے۔ سیاسی جماعتوں کے درمیان مذاکرات کا سلسلہ جاری ہے۔ سیاسی جماعتوں کے درمیان مذاکرات کا سلسلہ جاری ہے۔
خبرنمبر 19
پریس کانفرنس
رہنماؤں نے پریس کانفرنس میں حکومتی پالیسیوں پر تنقید کی اور عوامی مسائل کے حل کا مطالبہ کیا۔ رہنماؤں نے پریس کانفرنس میں حکومتی پالیسیوں پر تنقید کی اور عوامی مسائل کے حل کا مطالبہ کیا۔ رہنماؤں نے پریس کانفرنس میں حکومتی پالیسیوں پر تنقید کی اور عوامی مسائل کے حل کا مطالبہ کیا۔ رہنماؤں نے پریس کانفرنس میں حکومتی پالیسیوں پر تنقید کی اور عوامی مسائل کے حل کا مطالبہ کیا۔ رہنماؤں نے پریس کانفرنس میں حکومتی پالیسیوں پر تنقید کی اور عوامی مسائل کے حل کا مطالبہ کیا۔ رہنماؤں نے پریس کانفرنس میں حکومتی پالیسیوں پر تنقید کی اور عوامی مسائل کے حل کا مطالبہ کیا۔ رہنماؤں نے پریس کانفرنس میں حکومتی پالیسیوں پر تنقید کی اور عوامی مسائل کے حل کا مطالبہ کیا۔ رہنماؤں نے پریس کانفرنس میں حکومتی پالیسیوں پر تنقید کی اور عوامی مسائل کے حل کا مطالبہ کیا۔ رہنماؤں نے پریس کانفرنس میں حکومتی پالیسیوں پر تنقید کی اور عوامی مسائل کے حل کا مطالبہ کیا۔ رہنماؤں نے پریس کانفرنس میں حکومتی پالیسیوں پر تنقید کی اور عوامی مسائل کے حل کا مطالبہ کیا۔ رہنماؤں نے پریس کانفرنس میں حکومتی پالیسیوں پر تنقید کی اور عوامی مسائل کے حل کا مطالبہ کیا۔ رہنماؤں نے پریس کانفرنس میں حکومتی پالیسیوں پر تنقید کی اور عوامی مسائل کے حل کا مطالبہ کیا۔ رہنماؤں نے پریس کانفرنس میں حکومتی پالیسیوں پر تنقید کی اور عوامی مسائل کے حل کا مطالبہ کیا۔ رہنماؤں نے پریس کانفرنس میں حکومتی پالیسیوں پر تنقید کی اور عوامی مسائل کے حل کا مطالبہ کیا۔ رہنماؤں نے پریس کانفرنس میں حکومتی پالیسیوں پر تنقید کی اور عوامی مسائل کے حل کا مطالبہ کیا۔ رہنماؤں نے پریس کانفرنس میں حکومتی پالیسیوں پر تنقید کی اور عوامی مسائل کے حل کا مطالبہ کیا۔
خبرنمبر 20
قومی اسمبلی
قومی اسمبلی کے اجلاس میں بجٹ پر بحث جاری رہی، اراکین نے مختلف تجاویز پیش کیں۔ قومی اسمبلی کے اجلاس میں بجٹ پر بحث جاری رہی، اراکین نے مختلف تجاویز پیش کیں۔ قومی اسمبلی کے اجلاس میں بجٹ پر بحث جاری رہی، اراکین نے مختلف تجاویز پیش کیں۔ قومی اسمبلی کے اجلاس میں بجٹ پر بحث جاری رہی، اراکین نے مختلف تجاویز پیش کیں۔ قومی اسمبلی کے اجلاس میں بجٹ پر بحث جاری رہی، اراکین نے مختلف تجاویز پیش کیں۔ قومی اسمبلی کے اجلاس میں بجٹ پر بحث جاری رہی، اراکین نے مختلف تجاویز پیش کیں۔ قومی اسمبلی کے اجلاس میں بجٹ پر بحث جاری رہی، اراکین نے مختلف تجاویز پیش کیں۔ قومی اسمبلی کے اجلاس میں بجٹ پر بحث جاری رہی، اراکین نے مختلف تجاویز پیش کیں۔ قومی اسمبلی کے اجلاس میں بجٹ پر بحث جاری رہی، اراکین نے مختلف تجاویز پیش کیں۔ قومی اسمبلی کے اجلاس میں بجٹ پر بحث جاری رہی، اراکین نے مختلف تجاویز پیش کیں۔ قومی اسمبلی کے اجلاس میں بجٹ پر بحث جاری رہی، اراکین نے مختلف تجاویز پیش کیں۔ قومی اسمبلی کے اجلاس میں بجٹ پر بحث جاری رہی، اراکین نے مختلف تجاویز پیش کیں۔ قومی اسمبلی کے اجلاس میں بجٹ پر بحث جاری رہی، اراکین نے مختلف تجاویز پیش کیں۔ قومی اسمبلی کے اجلاس میں بجٹ پر بحث جاری رہی، اراکین نے مختلف تجاویز پیش کیں۔ قومی اسمبلی کے اجلاس میں بجٹ پر بحث جاری رہی، اراکین نے مختلف تجاویز پیش کیں۔ قومی اسمبلی کے اجلاس میں بجٹ پر بحث جاری رہی، اراکین نے مختلف تجاویز پیش کیں۔ قومی اسمبلی کے اجلاس میں بجٹ پر بحث جاری رہی، اراکین نے مختلف تجاویز پیش کیں۔ قومی اسمبلی کے اجلاس میں بجٹ پر بحث جاری رہی، اراکین نے مختلف تجاویز پیش کیں۔
خبرنمبر 21
کراچی
شہر قائد میں ٹریفک کے مسائل کے حل کے لیے نئے منصوبے کا اعلان کیا گیا۔ شہر قائد میں ٹریفک کے مسائل کے حل کے لیے نئے منصوبے کا اعلان کیا گیا۔ شہر قائد میں ٹریفک کے مسائل کے حل کے لیے نئے منصوبے کا اعلان کیا گیا۔ شہر قائد میں ٹریفک کے مسائل کے حل کے لیے نئے منصوبے کا اعلان کیا گیا۔ شہر قائد میں ٹریفک کے مسائل کے حل کے لیے نئے منصوبے کا اعلان کیا گیا۔ شہر قائد میں ٹریفک کے مسائل کے حل کے لیے نئے منصوبے کا اعلان کیا گیا۔ شہر قائد میں ٹریفک کے مسائل کے حل کے لیے نئے منصوبے کا اعلان کیا گیا۔ شہر قائد میں ٹریفک کے مسائل کے حل کے لیے نئے منصوبے کا اعلان کیا گیا۔ شہر قائد میں ٹریفک کے مسائل کے حل کے لیے نئے منصوبے کا اعلان کیا گیا۔ شہر قائد میں ٹریفک کے مسائل کے حل کے لیے نئے منصوبے کا اعلان کیا گیا۔ شہر قائد میں ٹریفک کے مسائل کے حل کے لیے نئے منصوبے کا اعلان کیا گیا۔ شہر قائد میں ٹریفک کے مسائل کے حل کے لیے نئے منصوبے کا اعلان کیا گیا۔ شہر قائد میں ٹریفک کے مسائل کے حل کے لیے نئے منصوبے کا اعلان کیا گیا۔ شہر قائد میں ٹریفک کے مسائل کے حل کے لیے نئے منصوبے کا اعلان کیا گیا۔ شہر قائد میں ٹریفک کے مسائل کے حل کے لیے نئے منصوبے کا اعلان کیا گیا۔ شہر قائد میں ٹریفک کے مسائل کے حل کے لیے نئے منصوبے کا اعلان کیا گیا۔ شہر قائد میں ٹریفک کے مسائل کے حل کے لیے نئے منصوبے کا اعلان کیا گیا۔ شہر قائد میں ٹریفک کے مسائل کے حل کے لیے نئے منصوبے کا اعلان کیا گیا۔ شہر قائد میں ٹریفک کے مسائل کے حل کے لیے نئے منصوبے کا اعلان کیا گیا۔ شہر قائد میں ٹریفک کے مسائل کے حل کے لیے نئے منصوبے کا اعلان کیا گیا۔ شہر قائد میں ٹریفک کے مسائل کے حل کے لیے نئے منصوبے کا اعلان کیا گیا۔
خبرنمبر 22
عدالتی کارروائی
عدالت نے مقدمے کی سماعت ملتوی کرتے ہوئے فریقین کو آئندہ تاریخ پر طلب کر لیا۔ عدالت نے مقدمے کی سماعت ملتوی کرتے ہوئے فریقین کو آئندہ تاریخ پر طلب کر لیا۔ عدالت نے مقدمے کی سماعت ملتوی کرتے ہوئے فریقین کو آئندہ تاریخ پر طلب کر لیا۔ عدالت نے مقدمے کی سماعت ملتوی کرتے ہوئے فریقین کو آئندہ تاریخ پر طلب کر لیا۔ عدالت نے مقدمے کی سماعت ملتوی کرتے ہوئے فریقین کو آئندہ تاریخ پر طلب کر لیا۔ عدالت نے مقدمے کی سماعت ملتوی کرتے ہوئے فریقین کو آئندہ تاریخ پر طلب کر لیا۔ عدالت نے مقدمے کی سماعت ملتوی کرتے ہوئے فریقین کو آئندہ تاریخ پر طلب کر لیا۔ عدالت نے مقدمے کی سماعت ملتوی کرتے ہوئے فریقین کو آئندہ تاریخ پر طلب کر لیا۔ عدالت نے مقدمے کی سماعت ملتوی کرتے ہوئے فریقین کو آئندہ تاریخ پر طلب کر لیا۔ عدالت نے مقدمے کی سماعت ملتوی کرتے ہوئے فریقین کو آئندہ تاریخ پر طلب کر لیا۔ عدالت نے مقدمے کی سماعت ملتوی کرتے ہوئے فریقین کو آئندہ تاریخ پر طلب کر لیا۔ عدالت نے مقدمے کی سماعت ملتوی کرتے ہوئے فریقین کو آئندہ تاریخ پر طلب کر لیا۔ عدالت نے مقدمے کی سماعت ملتوی کرتے ہوئے فریقین کو آئندہ تاریخ پر طلب کر لیا۔ عدالت نے مقدمے کی سماعت ملتوی کرتے ہوئے فریقین کو آئندہ تاریخ پر طلب کر لیا۔ عدالت نے مقدمے کی سماعت ملتوی کرتے ہوئے فریقین کو آئندہ تاریخ پر طلب کر لیا۔ عدالت نے مقدمے کی سماعت ملتوی کرتے ہوئے فریقین کو آئندہ تاریخ پر طلب کر لیا۔ عدالت نے مقدمے کی سماعت ملتوی کرتے ہوئے فریقین کو آئندہ تاریخ پر طلب کر لیا۔ عدالت نے مقدمے کی سماعت ملتوی کرتے ہوئے فریقین کو آئندہ تاریخ پر طلب کر لیا۔ عدالت نے مقدمے کی سماعت ملتوی کرتے ہوئے فریقین کو آئندہ تاریخ پر طلب کر لیا۔
خبرنمبر 23
موسم
محکمہ موسمیات نے آئندہ دنوں میں گرمی کی شدت میں اضافے کی پیش گوئی کی ہے۔ محکمہ موسمیات نے آئندہ دنوں میں گرمی کی شدت میں اضافے کی پیش گوئی کی ہے۔ محکمہ موسمیات نے آئندہ دنوں میں گرمی کی شدت میں اضافے کی پیش گوئی کی ہے۔ محکمہ موسمیات نے آئندہ دنوں میں گرمی کی شدت میں اضافے کی پیش گوئی کی ہے۔ محکمہ موسمیات نے آئندہ دنوں میں گرمی کی شدت میں اضافے کی پیش گوئی کی ہے۔ محکمہ موسمیات نے آئندہ دنوں میں گرمی کی شدت میں اضافے کی پیش گوئی کی ہے۔ محکمہ موسمیات نے آئندہ دنوں میں گرمی کی شدت میں اضافے کی پیش گوئی کی ہے۔ محکمہ موسمیات نے آئندہ دنوں میں گرمی کی شدت میں اضافے کی پیش گوئی کی ہے۔ محکمہ موسمیات نے آئندہ دنوں میں گرمی کی شدت میں اضافے کی پیش گوئی کی ہے۔ محکمہ موسمیات نے آئندہ دنوں میں گرمی کی شدت میں اضافے کی پیش گوئی کی ہے۔ محکمہ موسمیات نے آئندہ دنوں میں گرمی کی شدت میں اضافے کی پیش گوئی کی ہے۔ محکمہ موسمیات نے آئندہ دنوں میں گرمی کی شدت میں اضافے کی پیش گوئی کی ہے۔ محکمہ موسمیات نے آئندہ دنوں میں گرمی کی شدت میں اضافے کی پیش گوئی کی ہے۔ محکمہ موسمیات نے آئندہ دنوں میں گرمی کی شدت میں اضافے کی پیش گوئی کی ہے۔ محکمہ موسمیات نے آئندہ دنوں میں گرمی کی شدت میں اضافے کی پیش گوئی کی ہے۔ محکمہ موسمیات نے آئندہ دنوں میں گرمی کی شدت میں اضافے کی پیش گوئی کی ہے۔ محکمہ موسمیات نے آئندہ دنوں میں گرمی کی شدت میں اضافے کی پیش گوئی کی ہے۔ محکمہ موسمیات نے آئندہ دنوں میں گرمی کی شدت میں اضافے کی پیش گوئی کی ہے۔ محکمہ موسمیات نے آئندہ دنوں میں گرمی کی شدت میں اضافے کی پیش گوئی کی ہے۔ محکمہ موسمیات نے آئندہ دنوں میں گرمی کی شدت میں اضافے کی پیش گوئی کی ہے۔
خبرنمبر 24
زراعت
کاشتکاروں کو فصلوں کی بہتر پیداوار کے لیے رہنمائی فراہم کی جا رہی ہے۔ کاشتکاروں کو فصلوں کی بہتر پیداوار کے لیے رہنمائی فراہم کی جا رہی ہے۔ کاشتکاروں کو فصلوں کی بہتر پیداوار کے لیے رہنمائی فراہم کی جا رہی ہے۔ کاشتکاروں کو فصلوں کی بہتر پیداوار کے لیے رہنمائی فراہم کی جا رہی ہے۔ کاشتکاروں کو فصلوں کی بہتر پیداوار کے لیے رہنمائی فراہم کی جا رہی ہے۔ کاشتکاروں کو فصلوں کی بہتر پیداوار کے لیے رہنمائی فراہم کی جا رہی ہے۔ کاشتکاروں کو فصلوں کی بہتر پیداوار کے لیے رہنمائی فراہم کی جا رہی ہے۔ کاشتکاروں کو فصلوں کی بہتر پیداوار کے لیے رہنمائی فراہم کی جا رہی ہے۔ کاشتکاروں کو فصلوں کی بہتر پیداوار کے لیے رہنمائی فراہم کی جا رہی ہے۔ کاشتکاروں کو فصلوں کی بہتر پیداوار کے لیے رہنمائی فراہم کی جا رہی ہے۔ کاشتکاروں کو فصلوں کی بہتر پیداوار کے لیے رہنمائی فراہم کی جا رہی ہے۔ کاشتکاروں کو فصلوں کی بہتر پیداوار کے لیے رہنمائی فراہم کی جا رہی ہے۔ کاشتکاروں کو فصلوں کی بہتر پیداوار کے لیے رہنمائی فراہم کی جا رہی ہے۔ کاشتکاروں کو فصلوں کی بہتر پیداوار کے لیے رہنمائی فراہم کی جا رہی ہے۔ کاشتکاروں کو فصلوں کی بہتر پیداوار کے لیے رہنمائی فراہم کی جا رہی ہے۔ کاشتکاروں کو فصلوں کی بہتر پیداوار کے لیے رہنمائی فراہم کی جا رہی ہے۔ کاشتکاروں کو فصلوں کی بہتر پیداوار کے لیے رہنمائی فراہم کی جا رہی ہے۔ کاشتکاروں کو فصلوں کی بہتر پیداوار کے لیے رہنمائی فراہم کی جا رہی ہے۔ کاشتکاروں کو فصلوں کی بہتر پیداوار کے لیے رہنمائی فراہم کی جا رہی ہے۔ کاشتکاروں کو فصلوں کی بہتر پیداوار کے لیے رہنمائی فراہم کی جا رہی ہے۔ کاشتکاروں کو فصلوں کی بہتر پیداوار کے لیے رہنمائی فراہم کی جا رہی ہے۔
مختصر اشتہارات
صرف -/100 روپے فی سطر
اشتہارات کی بکنگ کے لیے رابطہ کریں
021-35655270,71,72
بیان حلفی
میں حلفیہ بیان کرتا ہوں کہ میرا اصل نام درست ہے اور تمام سرکاری دستاویزات میں درج نام ایک ہی شخص کے ہیں۔ اگر کسی کو اعتراض ہو تو رابطہ کرے۔ میں حلفیہ بیان کرتا ہوں کہ میرا اصل نام درست ہے اور تمام سرکاری دستاویزات میں درج نام ایک ہی شخص کے ہیں۔ اگر کسی کو اعتراض ہو تو رابطہ کرے۔ میں حلفیہ بیان کرتا ہوں کہ میرا اصل نام درست ہے اور تمام سرکاری دستاویزات میں درج نام ایک ہی شخص کے ہیں۔ اگر کسی کو اعتراض ہو تو رابطہ کرے۔ میں حلفیہ بیان کرتا ہوں کہ میرا اصل نام درست ہے اور تمام سرکاری دستاویزات میں درج نام ایک ہی شخص کے ہیں۔ اگر کسی کو اعتراض ہو تو رابطہ کرے۔ میں حلفیہ بیان کرتا ہوں کہ میرا اصل نام درست ہے اور تمام سرکاری دستاویزات میں درج نام ایک ہی شخص کے ہیں۔ اگر کسی کو اعتراض ہو تو رابطہ کرے۔ میں حلفیہ بیان کرتا ہوں کہ میرا اصل نام درست ہے اور تمام سرکاری دستاویزات میں درج نام ایک ہی شخص کے ہیں۔ اگر کسی کو اعتراض ہو تو رابطہ کرے۔ میں حلفیہ بیان کرتا ہوں کہ میرا اصل نام درست ہے اور تمام سرکاری دستاویزات میں درج نام ایک ہی شخص کے ہیں۔ اگر کسی کو اعتراض ہو تو رابطہ کرے۔ میں حلفیہ بیان کرتا ہوں کہ میرا اصل نام درست ہے اور تمام سرکاری دستاویزات میں درج نام ایک ہی شخص کے ہیں۔ اگر کسی کو اعتراض ہو تو رابطہ کرے۔ میں حلفیہ بیان کرتا ہوں کہ میرا اصل نام درست ہے اور تمام سرکاری دستاویزات میں درج نام ایک ہی شخص کے ہیں۔ اگر کسی کو اعتراض ہو تو رابطہ کرے۔ میں حلفیہ بیان کرتا ہوں کہ میرا اصل نام درست ہے اور تمام سرکاری دستاویزات میں درج نام ایک ہی شخص کے ہیں۔ اگر کسی کو اعتراض ہو تو رابطہ کرے۔ میں حلفیہ بیان کرتا ہوں کہ میرا اصل نام درست ہے اور تمام سرکاری دستاویزات میں درج نام ایک ہی شخص کے ہیں۔ اگر کسی کو اعتراض ہو تو رابطہ کرے۔ میں حلفیہ بیان کرتا ہوں کہ میرا اصل نام درست ہے اور تمام سرکاری دستاویزات میں درج نام ایک ہی شخص کے ہیں۔ اگر کسی کو اعتراض ہو تو رابطہ کرے۔ میں حلفیہ بیان کرتا ہوں کہ میرا اصل نام درست ہے اور تمام سرکاری دستاویزات میں درج نام ایک ہی شخص کے ہیں۔ اگر کسی کو اعتراض ہو تو رابطہ کرے۔ میں حلفیہ بیان کرتا ہوں کہ میرا اصل نام درست ہے اور تمام سرکاری دستاویزات میں درج نام ایک ہی شخص کے ہیں۔ اگر کسی کو اعتراض ہو تو رابطہ کرے۔ میں حلفیہ بیان کرتا ہوں کہ میرا اصل نام درست ہے اور تمام سرکاری دستاویزات میں درج نام ایک ہی شخص کے ہیں۔ اگر کسی کو اعتراض ہو تو رابطہ کرے۔ میں حلفیہ بیان کرتا ہوں کہ میرا اصل نام درست ہے اور تمام سرکاری دستاویزات میں درج نام ایک ہی شخص کے ہیں۔ اگر کسی کو اعتراض ہو تو رابطہ کرے۔ میں حلفیہ بیان کرتا ہوں کہ میرا اصل نام درست ہے اور تمام سرکاری دستاویزات میں درج نام ایک ہی شخص کے ہیں۔ اگر کسی کو اعتراض ہو تو رابطہ کرے۔ میں حلفیہ بیان کرتا ہوں کہ میرا اصل نام درست ہے اور تمام سرکاری دستاویزات میں درج نام ایک ہی شخص کے ہیں۔ اگر کسی کو اعتراض ہو تو رابطہ کرے۔ میں حلفیہ بیان کرتا ہوں کہ میرا اصل نام درست ہے اور تمام سرکاری دستاویزات میں درج نام ایک ہی شخص کے ہیں۔ اگر کسی کو اعتراض ہو تو رابطہ کرے۔
کلیم / گمشدگی
میرا قومی شناختی کارڈ گم ہو گیا ہے، اگر کسی صاحب کو ملے تو براہ کرم قریبی پولیس اسٹیشن میں جمع کرا دیں۔ میرا قومی شناختی کارڈ گم ہو گیا ہے، اگر کسی صاحب کو ملے تو براہ کرم قریبی پولیس اسٹیشن میں جمع کرا دیں۔ میرا قومی شناختی کارڈ گم ہو گیا ہے، اگر کسی صاحب کو ملے تو براہ کرم قریبی پولیس اسٹیشن میں جمع کرا دیں۔ میرا قومی شناختی کارڈ گم ہو گیا ہے، اگر کسی صاحب کو ملے تو براہ کرم قریبی پولیس اسٹیشن میں جمع کرا دیں۔ میرا قومی شناختی کارڈ گم ہو گیا ہے، اگر کسی صاحب کو ملے تو براہ کرم قریبی پولیس اسٹیشن میں جمع کرا دیں۔ میرا قومی شناختی کارڈ گم ہو گیا ہے، اگر کسی صاحب کو ملے تو براہ کرم قریبی پولیس اسٹیشن میں جمع کرا دیں۔ میرا قومی شناختی کارڈ گم ہو گیا ہے، اگر کسی صاحب کو ملے تو براہ کرم قریبی پولیس اسٹیشن میں جمع کرا دیں۔ میرا قومی شناختی کارڈ گم ہو گیا ہے، اگر کسی صاحب کو ملے تو براہ کرم قریبی پولیس اسٹیشن میں جمع کرا دیں۔ میرا قومی شناختی کارڈ گم ہو گیا ہے، اگر کسی صاحب کو ملے تو براہ کرم قریبی پولیس اسٹیشن میں جمع کرا دیں۔ میرا قومی شناختی کارڈ گم ہو گیا ہے، اگر کسی صاحب کو ملے تو براہ کرم قریبی پولیس اسٹیشن میں جمع کرا دیں۔ میرا قومی شناختی کارڈ گم ہو گیا ہے، اگر کسی صاحب کو ملے تو براہ کرم قریبی پولیس اسٹیشن میں جمع کرا دیں۔ میرا قومی شناختی کارڈ گم ہو گیا ہے، اگر کسی صاحب کو ملے تو براہ کرم قریبی پولیس اسٹیشن میں جمع کرا دیں۔ میرا قومی شناختی کارڈ گم ہو گیا ہے، اگر کسی صاحب کو ملے تو براہ کرم قریبی پولیس اسٹیشن میں جمع کرا دیں۔ میرا قومی شناختی کارڈ گم ہو گیا ہے، اگر کسی صاحب کو ملے تو براہ کرم قریبی پولیس اسٹیشن میں جمع کرا دیں۔ میرا قومی شناختی کارڈ گم ہو گیا ہے، اگر کسی صاحب کو ملے تو براہ کرم قریبی پولیس اسٹیشن میں جمع کرا دیں۔ میرا قومی شناختی کارڈ گم ہو گیا ہے، اگر کسی صاحب کو ملے تو براہ کرم قریبی پولیس اسٹیشن میں جمع کرا دیں۔ میرا قومی شناختی کارڈ گم ہو گیا ہے، اگر کسی صاحب کو ملے تو براہ کرم قریبی پولیس اسٹیشن میں جمع کرا دیں۔ میرا قومی شناختی کارڈ گم ہو گیا ہے، اگر کسی صاحب کو ملے تو براہ کرم قریبی پولیس اسٹیشن میں جمع کرا دیں۔ میرا قومی شناختی کارڈ گم ہو گیا ہے، اگر کسی صاحب کو ملے تو براہ کرم قریبی پولیس اسٹیشن میں جمع کرا دیں۔ میرا قومی شناختی کارڈ گم ہو گیا ہے، اگر کسی صاحب کو ملے تو براہ کرم قریبی پولیس اسٹیشن میں جمع کرا دیں۔ میرا قومی شناختی کارڈ گم ہو گیا ہے، اگر کسی صاحب کو ملے تو براہ کرم قریبی پولیس اسٹیشن میں جمع کرا دیں۔ میرا قومی شناختی کارڈ گم ہو گیا ہے، اگر کسی صاحب کو ملے تو براہ کرم قریبی پولیس اسٹیشن میں جمع کرا دیں۔ میرا قومی شناختی کارڈ گم ہو گیا ہے، اگر کسی صاحب کو ملے تو براہ کرم قریبی پولیس اسٹیشن میں جمع کرا دیں۔ میرا قومی شناختی کارڈ گم ہو گیا ہے، اگر کسی صاحب کو ملے تو براہ کرم قریبی پولیس اسٹیشن میں جمع کرا دیں۔ میرا قومی شناختی کارڈ گم ہو گیا ہے، اگر کسی صاحب کو ملے تو براہ کرم قریبی پولیس اسٹیشن میں جمع کرا دیں۔ میرا قومی شناختی کارڈ گم ہو گیا ہے، اگر کسی صاحب کو ملے تو براہ کرم قریبی پولیس اسٹیشن میں جمع کرا دیں۔
AKC-4121
CG-125
B906794
CD-70
AXA-5817
JF353718
IP579616
03002739143
STF
خبرنمبر 25
میں حلفیہ بیان کرتا ہوں کہ میرا اصل نام درست ہے اور تمام سرکاری دستاویزات میں درج نام ایک ہی شخص کے ہیں۔ اگر کسی کو اعتراض ہو تو رابطہ کرے۔ میں حلفیہ بیان کرتا ہوں کہ میرا اصل نام درست ہے اور تمام سرکاری دستاویزات میں درج نام ایک ہی شخص کے ہیں۔ اگر کسی کو اعتراض ہو تو رابطہ کرے۔ میں حلفیہ بیان کرتا ہوں کہ میرا اصل نام درست ہے اور تمام سرکاری دستاویزات میں درج نام ایک ہی شخص کے ہیں۔ اگر کسی کو اعتراض ہو تو رابطہ کرے۔ میں حلفیہ بیان کرتا ہوں کہ میرا اصل نام درست ہے اور تمام سرکاری دستاویزات میں درج نام ایک ہی شخص کے ہیں۔ اگر کسی کو اعتراض ہو تو رابطہ کرے۔ میں حلفیہ بیان کرتا ہوں کہ میرا اصل نام درست ہے اور تمام سرکاری دستاویزات میں درج نام ایک ہی شخص کے ہیں۔ اگر کسی کو اعتراض ہو تو رابطہ کرے۔ میں حلفیہ بیان کرتا ہوں کہ میرا اصل نام درست ہے اور تمام سرکاری دستاویزات میں درج نام ایک ہی شخص کے ہیں۔ اگر کسی کو اعتراض ہو تو رابطہ کرے۔ میں حلفیہ بیان کرتا ہوں کہ میرا اصل نام درست ہے اور تمام سرکاری دستاویزات میں درج نام ایک ہی شخص کے ہیں۔ اگر کسی کو اعتراض ہو تو رابطہ کرے۔ میں حلفیہ بیان کرتا ہوں کہ میرا اصل نام درست ہے اور تمام سرکاری دستاویزات میں درج نام ایک ہی شخص کے ہیں۔ اگر کسی کو اعتراض ہو تو رابطہ کرے۔ میں حلفیہ بیان کرتا ہوں کہ میرا اصل نام درست ہے اور تمام سرکاری دستاویزات میں درج نام ایک ہی شخص کے ہیں۔ اگر کسی کو اعتراض ہو تو رابطہ کرے۔
اطلاع عام
عام اطلاع دی جاتی ہے کہ مذکورہ جائیداد کے حوالے سے کسی بھی قسم کا لین دین نہ کیا جائے، ورنہ کسی نقصان کی ذمہ داری ادارے پر نہ ہو گی۔ عام اطلاع دی جاتی ہے کہ مذکورہ جائیداد کے حوالے سے کسی بھی قسم کا لین دین نہ کیا جائے، ورنہ کسی نقصان کی ذمہ داری ادارے پر نہ ہو گی۔ عام اطلاع دی جاتی ہے کہ مذکورہ جائیداد کے حوالے سے کسی بھی قسم کا لین دین نہ کیا جائے، ورنہ کسی نقصان کی ذمہ داری ادارے پر نہ ہو گی۔ عام اطلاع دی جاتی ہے کہ مذکورہ جائیداد کے حوالے سے کسی بھی قسم کا لین دین نہ کیا جائے، ورنہ کسی نقصان کی ذمہ داری ادارے پر نہ ہو گی۔ عام اطلاع دی جاتی ہے کہ مذکورہ جائیداد کے حوالے سے کسی بھی قسم کا لین دین نہ کیا جائے، ورنہ کسی نقصان کی ذمہ داری ادارے پر نہ ہو گی۔ عام اطلاع دی جاتی ہے کہ مذکورہ جائیداد کے حوالے سے کسی بھی قسم کا لین دین نہ کیا جائے، ورنہ کسی نقصان کی ذمہ داری ادارے پر نہ ہو گی۔ عام اطلاع دی جاتی ہے کہ مذکورہ جائیداد کے حوالے سے کسی بھی قسم کا لین دین نہ کیا جائے، ورنہ کسی نقصان کی ذمہ داری ادارے پر نہ ہو گی۔ عام اطلاع دی جاتی ہے کہ مذکورہ جائیداد کے حوالے سے کسی بھی قسم کا لین دین نہ کیا جائے، ورنہ کسی نقصان کی ذمہ داری ادارے پر نہ ہو گی۔ عام اطلاع دی جاتی ہے کہ مذکورہ جائیداد کے حوالے سے کسی بھی قسم کا لین دین نہ کیا جائے، ورنہ کسی نقصان کی ذمہ داری ادارے پر نہ ہو گی۔ عام اطلاع دی جاتی ہے کہ مذکورہ جائیداد کے حوالے سے کسی بھی قسم کا لین دین نہ کیا جائے، ورنہ کسی نقصان کی ذمہ داری ادارے پر نہ ہو گی۔ عام اطلاع دی جاتی ہے کہ مذکورہ جائیداد کے حوالے سے کسی بھی قسم کا لین دین نہ کیا جائے، ورنہ کسی نقصان کی ذمہ داری ادارے پر نہ ہو گی۔ عام اطلاع دی جاتی ہے کہ مذکورہ جائیداد کے حوالے سے کسی بھی قسم کا لین دین نہ کیا جائے، ورنہ کسی نقصان کی ذمہ داری ادارے پر نہ ہو گی۔ عام اطلاع دی جاتی ہے کہ مذکورہ جائیداد کے حوالے سے کسی بھی قسم کا لین دین نہ کیا جائے، ورنہ کسی نقصان کی ذمہ داری ادارے پر نہ ہو گی۔ عام اطلاع دی جاتی ہے کہ مذکورہ جائیداد کے حوالے سے کسی بھی قسم کا لین دین نہ کیا جائے، ورنہ کسی نقصان کی ذمہ داری ادارے پر نہ ہو گی۔ عام اطلاع دی جاتی ہے کہ مذکورہ جائیداد کے حوالے سے کسی بھی قسم کا لین دین نہ کیا جائے، ورنہ کسی نقصان کی ذمہ داری ادارے پر نہ ہو گی۔ عام اطلاع دی جاتی ہے کہ مذکورہ جائیداد کے حوالے سے کسی بھی قسم کا لین دین نہ کیا جائے، ورنہ کسی نقصان کی ذمہ داری ادارے پر نہ ہو گی۔ عام اطلاع دی جاتی ہے کہ مذکورہ جائیداد کے حوالے سے کسی بھی قسم کا لین دین نہ کیا جائے، ورنہ کسی نقصان کی ذمہ داری ادارے پر نہ ہو گی۔ عام اطلاع دی جاتی ہے کہ مذکورہ جائیداد کے حوالے سے کسی بھی قسم کا لین دین نہ کیا جائے، ورنہ کسی نقصان کی ذمہ داری ادارے پر نہ ہو گی۔ عام اطلاع دی جاتی ہے کہ مذکورہ جائیداد کے حوالے سے کسی بھی قسم کا لین دین نہ کیا جائے، ورنہ کسی نقصان کی ذمہ داری ادارے پر نہ ہو گی۔ عام اطلاع دی جاتی ہے کہ مذکورہ جائیداد کے حوالے سے کسی بھی قسم کا لین دین نہ کیا جائے، ورنہ کسی نقصان کی ذمہ داری ادارے پر نہ ہو گی۔
کورٹ نوٹس
بعدالت جناب سینئر سول جج صاحب، مقدمہ نمبر 2026، بنام فریقین، نوٹس جاری کیا جاتا ہے کہ آپ مقررہ تاریخ پر عدالت میں حاضر ہوں۔ بعدالت جناب سینئر سول جج صاحب، مقدمہ نمبر 2026، بنام فریقین، نوٹس جاری کیا جاتا ہے کہ آپ مقررہ تاریخ پر عدالت میں حاضر ہوں۔ بعدالت جناب سینئر سول جج صاحب، مقدمہ نمبر 2026، بنام فریقین، نوٹس جاری کیا جاتا ہے کہ آپ مقررہ تاریخ پر عدالت میں حاضر ہوں۔ بعدالت جناب سینئر سول جج صاحب، مقدمہ نمبر 2026، بنام فریقین، نوٹس جاری کیا جاتا ہے کہ آپ مقررہ تاریخ پر عدالت میں حاضر ہوں۔ بعدالت جناب سینئر سول جج صاحب، مقدمہ نمبر 2026، بنام فریقین، نوٹس جاری کیا جاتا ہے کہ آپ مقررہ تاریخ پر عدالت میں حاضر ہوں۔ بعدالت جناب سینئر سول جج صاحب، مقدمہ نمبر 2026، بنام فریقین، نوٹس جاری کیا جاتا ہے کہ آپ مقررہ تاریخ پر عدالت میں حاضر ہوں۔ بعدالت جناب سینئر سول جج صاحب، مقدمہ نمبر 2026، بنام فریقین، نوٹس جاری کیا جاتا ہے کہ آپ مقررہ تاریخ پر عدالت میں حاضر ہوں۔ بعدالت جناب سینئر سول جج صاحب، مقدمہ نمبر 2026، بنام فریقین، نوٹس جاری کیا جاتا ہے کہ آپ مقررہ تاریخ پر عدالت میں حاضر ہوں۔ بعدالت جناب سینئر سول جج صاحب، مقدمہ نمبر 2026، بنام فریقین، نوٹس جاری کیا جاتا ہے کہ آپ مقررہ تاریخ پر عدالت میں حاضر ہوں۔ بعدالت جناب سینئر سول جج صاحب، مقدمہ نمبر 2026، بنام فریقین، نوٹس جاری کیا جاتا ہے کہ آپ مقررہ تاریخ پر عدالت میں حاضر ہوں۔ بعدالت جناب سینئر سول جج صاحب، مقدمہ نمبر 2026، بنام فریقین، نوٹس جاری کیا جاتا ہے کہ آپ مقررہ تاریخ پر عدالت میں حاضر ہوں۔ بعدالت جناب سینئر سول جج صاحب، مقدمہ نمبر 2026، بنام فریقین، نوٹس جاری کیا جاتا ہے کہ آپ مقررہ تاریخ پر عدالت میں حاضر ہوں۔ بعدالت جناب سینئر سول جج صاحب، مقدمہ نمبر 2026، بنام فریقین، نوٹس جاری کیا جاتا ہے کہ آپ مقررہ تاریخ پر عدالت میں حاضر ہوں۔ بعدالت جناب سینئر سول جج صاحب، مقدمہ نمبر 2026، بنام فریقین، نوٹس جاری کیا جاتا ہے کہ آپ مقررہ تاریخ پر عدالت میں حاضر ہوں۔ بعدالت جناب سینئر سول جج صاحب، مقدمہ نمبر 2026، بنام فریقین، نوٹس جاری کیا جاتا ہے کہ آپ مقررہ تاریخ پر عدالت میں حاضر ہوں۔ بعدالت جناب سینئر سول جج صاحب، مقدمہ نمبر 2026، بنام فریقین، نوٹس جاری کیا جاتا ہے کہ آپ مقررہ تاریخ پر عدالت میں حاضر ہوں۔ بعدالت جناب سینئر سول جج صاحب، مقدمہ نمبر 2026، بنام فریقین، نوٹس جاری کیا جاتا ہے کہ آپ مقررہ تاریخ پر عدالت میں حاضر ہوں۔ بعدالت جناب سینئر سول جج صاحب، مقدمہ نمبر 2026، بنام فریقین، نوٹس جاری کیا جاتا ہے کہ آپ مقررہ تاریخ پر عدالت میں حاضر ہوں۔ بعدالت جناب سینئر سول جج صاحب، مقدمہ نمبر 2026، بنام فریقین، نوٹس جاری کیا جاتا ہے کہ آپ مقررہ تاریخ پر عدالت میں حاضر ہوں۔ بعدالت جناب سینئر سول جج صاحب، مقدمہ نمبر 2026، بنام فریقین، نوٹس جاری کیا جاتا ہے کہ آپ مقررہ تاریخ پر عدالت میں حاضر ہوں۔ بعدالت جناب سینئر سول جج صاحب، مقدمہ نمبر 2026، بنام فریقین، نوٹس جاری کیا جاتا ہے کہ آپ مقررہ تاریخ پر عدالت میں حاضر ہوں۔
37405-0251718-9
37201-6607616-5
Samreena Akram
Akram
STF
خبرنمبر 26
عام اطلاع دی جاتی ہے کہ مذکورہ جائیداد کے حوالے سے کسی بھی قسم کا لین دین نہ کیا جائے، ورنہ کسی نقصان کی ذمہ داری ادارے پر نہ ہو گی۔ عام اطلاع دی جاتی ہے کہ مذکورہ جائیداد کے حوالے سے کسی بھی قسم کا لین دین نہ کیا جائے، ورنہ کسی نقصان کی ذمہ داری ادارے پر نہ ہو گی۔ عام اطلاع دی جاتی ہے کہ مذکورہ جائیداد کے حوالے سے کسی بھی قسم کا لین دین نہ کیا جائے، ورنہ کسی نقصان کی ذمہ داری ادارے پر نہ ہو گی۔ عام اطلاع دی جاتی ہے کہ مذکورہ جائیداد کے حوالے سے کسی بھی قسم کا لین دین نہ کیا جائے، ورنہ کسی نقصان کی ذمہ داری ادارے پر نہ ہو گی۔ عام اطلاع دی جاتی ہے کہ مذکورہ جائیداد کے حوالے سے کسی بھی قسم کا لین دین نہ کیا جائے، ورنہ کسی نقصان کی ذمہ داری ادارے پر نہ ہو گی۔ عام اطلاع دی جاتی ہے کہ مذکورہ جائیداد کے حوالے سے کسی بھی قسم کا لین دین نہ کیا جائے، ورنہ کسی نقصان کی ذمہ داری ادارے پر نہ ہو گی۔ عام اطلاع دی جاتی ہے کہ مذکورہ جائیداد کے حوالے سے کسی بھی قسم کا لین دین نہ کیا جائے، ورنہ کسی نقصان کی ذمہ داری ادارے پر نہ ہو گی۔ عام اطلاع دی جاتی ہے کہ مذکورہ جائیداد کے حوالے سے کسی بھی قسم کا لین دین نہ کیا جائے، ورنہ کسی نقصان کی ذمہ داری ادارے پر نہ ہو گی۔ عام اطلاع دی جاتی ہے کہ مذکورہ جائیداد کے حوالے سے کسی بھی قسم کا لین دین نہ کیا جائے، ورنہ کسی نقصان کی ذمہ داری ادارے پر نہ ہو گی۔ عام اطلاع دی جاتی ہے کہ مذکورہ جائیداد کے حوالے سے کسی بھی قسم کا لین دین نہ کیا جائے، ورنہ کسی نقصان کی ذمہ داری ادارے پر نہ ہو گی۔
کورٹ نوٹس
بعدالت جناب سول جج صاحب، درخواست برائے تنسیخ نکاح، مدعا علیہ کو اطلاع دی جاتی ہے کہ وہ مقررہ تاریخ کو عدالت میں حاضر ہو ورنہ یکطرفہ کارروائی عمل میں لائی جائے گی۔ بعدالت جناب سول جج صاحب، درخواست برائے تنسیخ نکاح، مدعا علیہ کو اطلاع دی جاتی ہے کہ وہ مقررہ تاریخ کو عدالت میں حاضر ہو ورنہ یکطرفہ کارروائی عمل میں لائی جائے گی۔ بعدالت جناب سول جج صاحب، درخواست برائے تنسیخ نکاح، مدعا علیہ کو اطلاع دی جاتی ہے کہ وہ مقررہ تاریخ کو عدالت میں حاضر ہو ورنہ یکطرفہ کارروائی عمل میں لائی جائے گی۔ بعدالت جناب سول جج صاحب، درخواست برائے تنسیخ نکاح، مدعا علیہ کو اطلاع دی جاتی ہے کہ وہ مقررہ تاریخ کو عدالت میں حاضر ہو ورنہ یکطرفہ کارروائی عمل میں لائی جائے گی۔ بعدالت جناب سول جج صاحب، درخواست برائے تنسیخ نکاح، مدعا علیہ کو اطلاع دی جاتی ہے کہ وہ مقررہ تاریخ کو عدالت میں حاضر ہو ورنہ یکطرفہ کارروائی عمل میں لائی جائے گی۔ بعدالت جناب سول جج صاحب، درخواست برائے تنسیخ نکاح، مدعا علیہ کو اطلاع دی جاتی ہے کہ وہ مقررہ تاریخ کو عدالت میں حاضر ہو ورنہ یکطرفہ کارروائی عمل میں لائی جائے گی۔ بعدالت جناب سول جج صاحب، درخواست برائے تنسیخ نکاح، مدعا علیہ کو اطلاع دی جاتی ہے کہ وہ مقررہ تاریخ کو عدالت میں حاضر ہو ورنہ یکطرفہ کارروائی عمل میں لائی جائے گی۔ بعدالت جناب سول جج صاحب، درخواست برائے تنسیخ نکاح، مدعا علیہ کو اطلاع دی جاتی ہے کہ وہ مقررہ تاریخ کو عدالت میں حاضر ہو ورنہ یکطرفہ کارروائی عمل میں لائی جائے گی۔ بعدالت جناب سول جج صاحب، درخواست برائے تنسیخ نکاح، مدعا علیہ کو اطلاع دی جاتی ہے کہ وہ مقررہ تاریخ کو عدالت میں حاضر ہو ورنہ یکطرفہ کارروائی عمل میں لائی جائے گی۔ بعدالت جناب سول جج صاحب، درخواست برائے تنسیخ نکاح، مدعا علیہ کو اطلاع دی جاتی ہے کہ وہ مقررہ تاریخ کو عدالت میں حاضر ہو ورنہ یکطرفہ کارروائی عمل میں لائی جائے گی۔ بعدالت جناب سول جج صاحب، درخواست برائے تنسیخ نکاح، مدعا علیہ کو اطلاع دی جاتی ہے کہ وہ مقررہ تاریخ کو عدالت میں حاضر ہو ورنہ یکطرفہ کارروائی عمل میں لائی جائے گی۔ بعدالت جناب سول جج صاحب، درخواست برائے تنسیخ نکاح، مدعا علیہ کو اطلاع دی جاتی ہے کہ وہ مقررہ تاریخ کو عدالت میں حاضر ہو ورنہ یکطرفہ کارروائی عمل میں لائی جائے گی۔ بعدالت جناب سول جج صاحب، درخواست برائے تنسیخ نکاح، مدعا علیہ کو اطلاع دی جاتی ہے کہ وہ مقررہ تاریخ کو عدالت میں حاضر ہو ورنہ یکطرفہ کارروائی عمل میں لائی جائے گی۔ بعدالت جناب سول جج صاحب، درخواست برائے تنسیخ نکاح، مدعا علیہ کو اطلاع دی جاتی ہے کہ وہ مقررہ تاریخ کو عدالت میں حاضر ہو ورنہ یکطرفہ کارروائی عمل میں لائی جائے گی۔ بعدالت جناب سول جج صاحب، درخواست برائے تنسیخ نکاح، مدعا علیہ کو اطلاع دی جاتی ہے کہ وہ مقررہ تاریخ کو عدالت میں حاضر ہو ورنہ یکطرفہ کارروائی عمل میں لائی جائے گی۔ بعدالت جناب سول جج صاحب، درخواست برائے تنسیخ نکاح، مدعا علیہ کو اطلاع دی جاتی ہے کہ وہ مقررہ تاریخ کو عدالت میں حاضر ہو ورنہ یکطرفہ کارروائی عمل میں لائی جائے گی۔
CB-39
Malokal Bhotral
Amina
2001
STF
خبرنمبر 27
بعدالت جناب سول جج صاحب، درخواست برائے تنسیخ نکاح، مدعا علیہ کو اطلاع دی جاتی ہے کہ وہ مقررہ تاریخ کو عدالت میں حاضر ہو ورنہ یکطرفہ کارروائی عمل میں لائی جائے گی۔ بعدالت جناب سول جج صاحب، درخواست برائے تنسیخ نکاح، مدعا علیہ کو اطلاع دی جاتی ہے کہ وہ مقررہ تاریخ کو عدالت میں حاضر ہو ورنہ یکطرفہ کارروائی عمل میں لائی جائے گی۔ بعدالت جناب سول جج صاحب، درخواست برائے تنسیخ نکاح، مدعا علیہ کو اطلاع دی جاتی ہے کہ وہ مقررہ تاریخ کو عدالت میں حاضر ہو ورنہ یکطرفہ کارروائی عمل میں لائی جائے گی۔ بعدالت جناب سول جج صاحب، درخواست برائے تنسیخ نکاح، مدعا علیہ کو اطلاع دی جاتی ہے کہ وہ مقررہ تاریخ کو عدالت میں حاضر ہو ورنہ یکطرفہ کارروائی عمل میں لائی جائے گی۔ بعدالت جناب سول جج صاحب، درخواست برائے تنسیخ نکاح، مدعا علیہ کو اطلاع دی جاتی ہے کہ وہ مقررہ تاریخ کو عدالت میں حاضر ہو ورنہ یکطرفہ کارروائی عمل میں لائی جائے گی۔ بعدالت جناب سول جج صاحب، درخواست برائے تنسیخ نکاح، مدعا علیہ کو اطلاع دی جاتی ہے کہ وہ مقررہ تاریخ کو عدالت میں حاضر ہو ورنہ یکطرفہ کارروائی عمل میں لائی جائے گی۔ بعدالت جناب سول جج صاحب، درخواست برائے تنسیخ نکاح، مدعا علیہ کو اطلاع دی جاتی ہے کہ وہ مقررہ تاریخ کو عدالت میں حاضر ہو ورنہ یکطرفہ کارروائی عمل میں لائی جائے گی۔ بعدالت جناب سول جج صاحب، درخواست برائے تنسیخ نکاح، مدعا علیہ کو اطلاع دی جاتی ہے کہ وہ مقررہ تاریخ کو عدالت میں حاضر ہو ورنہ یکطرفہ کارروائی عمل میں لائی جائے گی۔
کورٹ نوٹس
بعدالت جناب فیملی جج صاحب، مقدمہ بابت خرچہ نان و نفقہ، فریق مخالف کو ہدایت کی جاتی ہے کہ وہ عدالت میں پیش ہو کر اپنا جواب داخل کرے۔ بعدالت جناب فیملی جج صاحب، مقدمہ بابت خرچہ نان و نفقہ، فریق مخالف کو ہدایت کی جاتی ہے کہ وہ عدالت میں پیش ہو کر اپنا جواب داخل کرے۔ بعدالت جناب فیملی جج صاحب، مقدمہ بابت خرچہ نان و نفقہ، فریق مخالف کو ہدایت کی جاتی ہے کہ وہ عدالت میں پیش ہو کر اپنا جواب داخل کرے۔ بعدالت جناب فیملی جج صاحب، مقدمہ بابت خرچہ نان و نفقہ، فریق مخالف کو ہدایت کی جاتی ہے کہ وہ عدالت میں پیش ہو کر اپنا جواب داخل کرے۔ بعدالت جناب فیملی جج صاحب، مقدمہ بابت خرچہ نان و نفقہ، فریق مخالف کو ہدایت کی جاتی ہے کہ وہ عدالت میں پیش ہو کر اپنا جواب داخل کرے۔ بعدالت جناب فیملی جج صاحب، مقدمہ بابت خرچہ نان و نفقہ، فریق مخالف کو ہدایت کی جاتی ہے کہ وہ عدالت میں پیش ہو کر اپنا جواب داخل کرے۔ بعدالت جناب فیملی جج صاحب، مقدمہ بابت خرچہ نان و نفقہ، فریق مخالف کو ہدایت کی جاتی ہے کہ وہ عدالت میں پیش ہو کر اپنا جواب داخل کرے۔ بعدالت جناب فیملی جج صاحب، مقدمہ بابت خرچہ نان و نفقہ، فریق مخالف کو ہدایت کی جاتی ہے کہ وہ عدالت میں پیش ہو کر اپنا جواب داخل کرے۔ بعدالت جناب فیملی جج صاحب، مقدمہ بابت خرچہ نان و نفقہ، فریق مخالف کو ہدایت کی جاتی ہے کہ وہ عدالت میں پیش ہو کر اپنا جواب داخل کرے۔ بعدالت جناب فیملی جج صاحب، مقدمہ بابت خرچہ نان و نفقہ، فریق مخالف کو ہدایت کی جاتی ہے کہ وہ عدالت میں پیش ہو کر اپنا جواب داخل کرے۔ بعدالت جناب فیملی جج صاحب، مقدمہ بابت خرچہ نان و نفقہ، فریق مخالف کو ہدایت کی جاتی ہے کہ وہ عدالت میں پیش ہو کر اپنا جواب داخل کرے۔ بعدالت جناب فیملی جج صاحب، مقدمہ بابت خرچہ نان و نفقہ، فریق مخالف کو ہدایت کی جاتی ہے کہ وہ عدالت میں پیش ہو کر اپنا جواب داخل کرے۔ بعدالت جناب فیملی جج صاحب، مقدمہ بابت خرچہ نان و نفقہ، فریق مخالف کو ہدایت کی جاتی ہے کہ وہ عدالت میں پیش ہو کر اپنا جواب داخل کرے۔ بعدالت جناب فیملی جج صاحب، مقدمہ بابت خرچہ نان و نفقہ، فریق مخالف کو ہدایت کی جاتی ہے کہ وہ عدالت میں پیش ہو کر اپنا جواب داخل کرے۔ بعدالت جناب فیملی جج صاحب، مقدمہ بابت خرچہ نان و نفقہ، فریق مخالف کو ہدایت کی جاتی ہے کہ وہ عدالت میں پیش ہو کر اپنا جواب داخل کرے۔ بعدالت جناب فیملی جج صاحب، مقدمہ بابت خرچہ نان و نفقہ، فریق مخالف کو ہدایت کی جاتی ہے کہ وہ عدالت میں پیش ہو کر اپنا جواب داخل کرے۔ بعدالت جناب فیملی جج صاحب، مقدمہ بابت خرچہ نان و نفقہ، فریق مخالف کو ہدایت کی جاتی ہے کہ وہ عدالت میں پیش ہو کر اپنا جواب داخل کرے۔ بعدالت جناب فیملی جج صاحب، مقدمہ بابت خرچہ نان و نفقہ، فریق مخالف کو ہدایت کی جاتی ہے کہ وہ عدالت میں پیش ہو کر اپنا جواب داخل کرے۔ بعدالت جناب فیملی جج صاحب، مقدمہ بابت خرچہ نان و نفقہ، فریق مخالف کو ہدایت کی جاتی ہے کہ وہ عدالت میں پیش ہو کر اپنا جواب داخل کرے۔ بعدالت جناب فیملی جج صاحب، مقدمہ بابت خرچہ نان و نفقہ، فریق مخالف کو ہدایت کی جاتی ہے کہ وہ عدالت میں پیش ہو کر اپنا جواب داخل کرے۔
A.D.L.R
09-07-2025
37201-7397185-5
STF
STF
خبرنمبر 28
بعدالت جناب فیملی جج صاحب، مقدمہ بابت خرچہ نان و نفقہ، فریق مخالف کو ہدایت کی جاتی ہے کہ وہ عدالت میں پیش ہو کر اپنا جواب داخل کرے۔ بعدالت جناب فیملی جج صاحب، مقدمہ بابت خرچہ نان و نفقہ، فریق مخالف کو ہدایت کی جاتی ہے کہ وہ عدالت میں پیش ہو کر اپنا جواب داخل کرے۔ بعدالت جناب فیملی جج صاحب، مقدمہ بابت خرچہ نان و نفقہ، فریق مخالف کو ہدایت کی جاتی ہے کہ وہ عدالت میں پیش ہو کر اپنا جواب داخل کرے۔ بعدالت جناب فیملی جج صاحب، مقدمہ بابت خرچہ نان و نفقہ، فریق مخالف کو ہدایت کی جاتی ہے کہ وہ عدالت میں پیش ہو کر اپنا جواب داخل کرے۔ بعدالت جناب فیملی جج صاحب، مقدمہ بابت خرچہ نان و نفقہ، فریق مخالف کو ہدایت کی جاتی ہے کہ وہ عدالت میں پیش ہو کر اپنا جواب داخل کرے۔ بعدالت جناب فیملی جج صاحب، مقدمہ بابت خرچہ نان و نفقہ، فریق مخالف کو ہدایت کی جاتی ہے کہ وہ عدالت میں پیش ہو کر اپنا جواب داخل کرے۔ بعدالت جناب فیملی جج صاحب، مقدمہ بابت خرچہ نان و نفقہ، فریق مخالف کو ہدایت کی جاتی ہے کہ وہ عدالت میں پیش ہو کر اپنا جواب داخل کرے۔ بعدالت جناب فیملی جج صاحب، مقدمہ بابت خرچہ نان و نفقہ، فریق مخالف کو ہدایت کی جاتی ہے کہ وہ عدالت میں پیش ہو کر اپنا جواب داخل کرے۔ بعدالت جناب فیملی جج صاحب، مقدمہ بابت خرچہ نان و نفقہ، فریق مخالف کو ہدایت کی جاتی ہے کہ وہ عدالت میں پیش ہو کر اپنا جواب داخل کرے۔ بعدالت جناب فیملی جج صاحب، مقدمہ بابت خرچہ نان و نفقہ، فریق مخالف کو ہدایت کی جاتی ہے کہ وہ عدالت میں پیش ہو کر اپنا جواب داخل کرے۔
